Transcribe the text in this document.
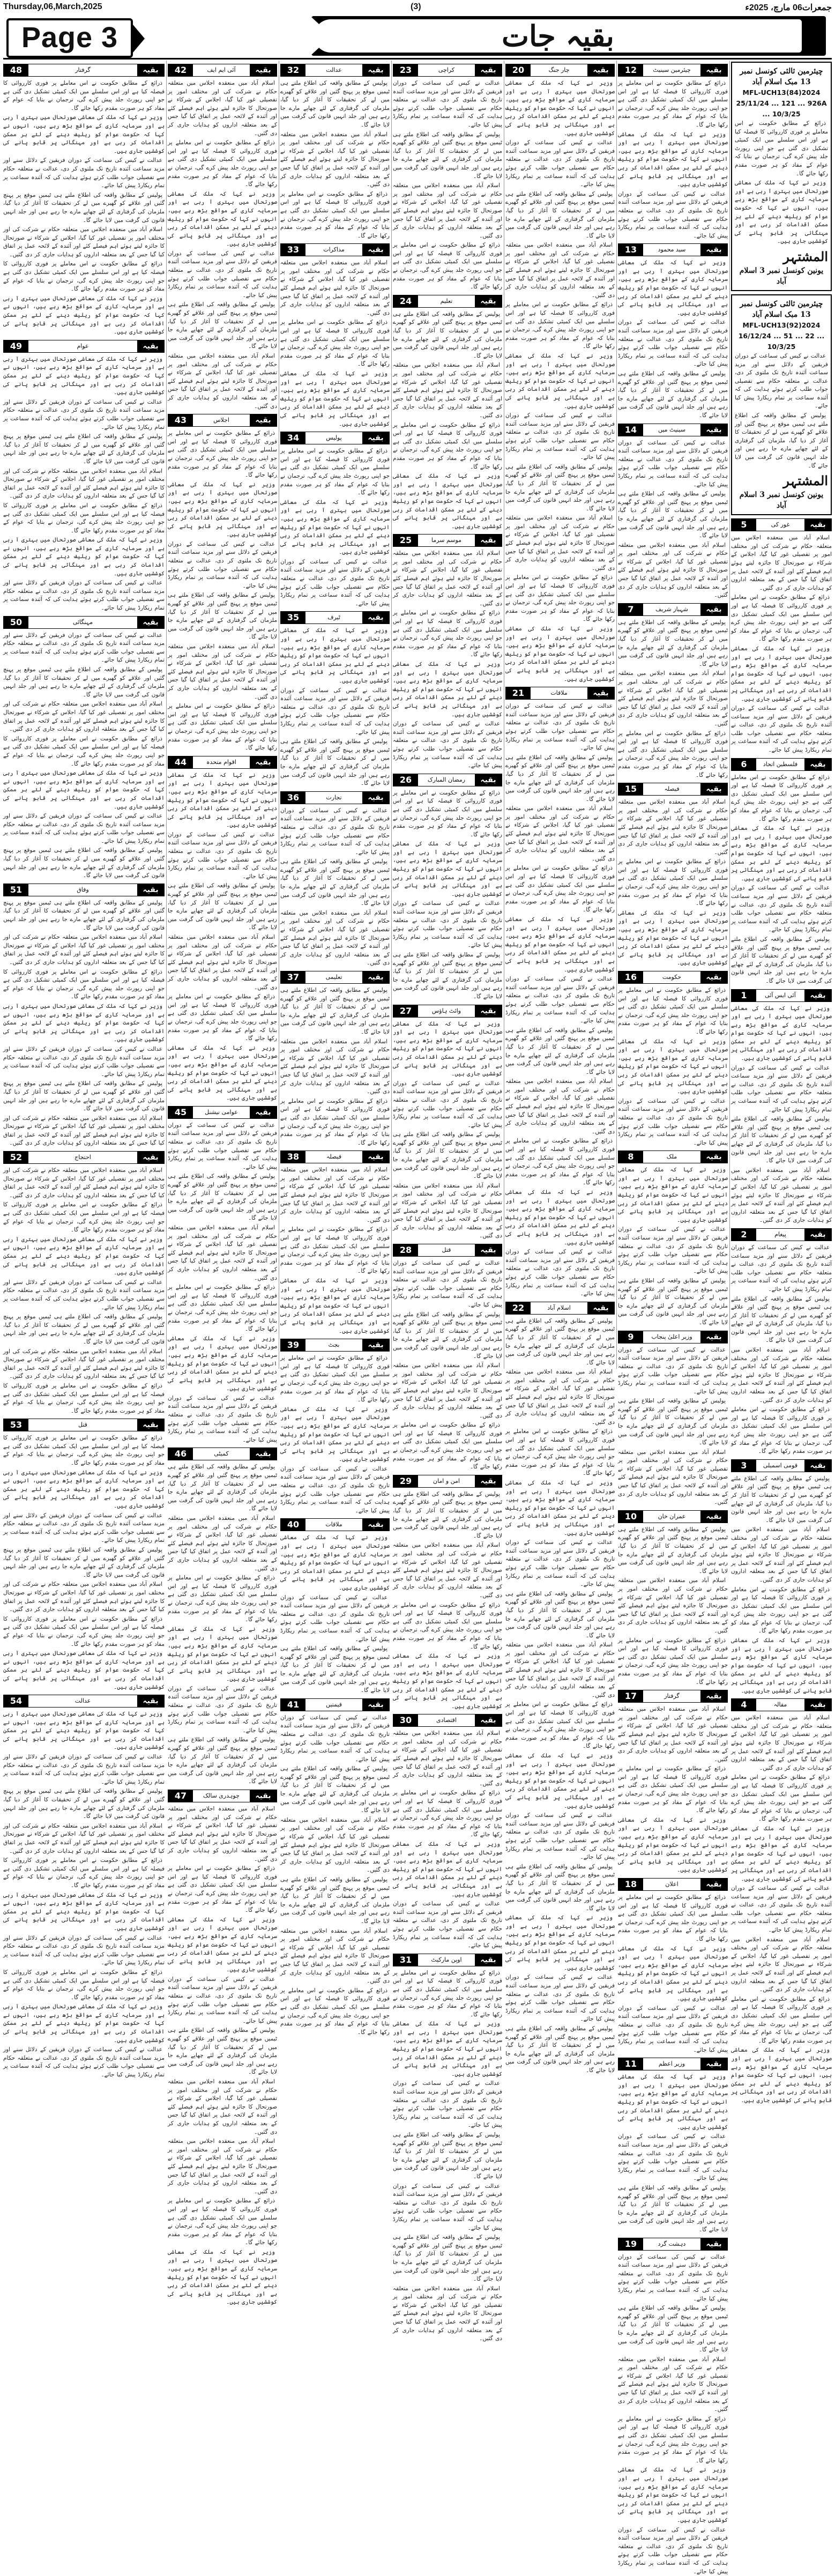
Thursday,06,March,2025	(3)	جمعرات06 مارچ، 2025ء
Page 3	بقیہ جات
چیئرمین ثالثی کونسل نمبر
13 مبک اسلام آباد
MFL-UCH13(84)2024
25/11/24 ... 121 ... 926A ... 10/3/25

ذرائع کے مطابق حکومت نے اس معاملے پر فوری کارروائی کا فیصلہ کیا ہے اور اس سلسلے میں ایک کمیٹی تشکیل دی گئی ہے جو اپنی رپورٹ جلد پیش کرے گی، ترجمان نے بتایا کہ عوام کے مفاد کو ہر صورت مقدم رکھا جائے گا۔

وزیر نے کہا کہ ملک کی معاشی صورتحال میں بہتری آ رہی ہے اور سرمایہ کاری کے مواقع بڑھ رہے ہیں، انہوں نے کہا کہ حکومت عوام کو ریلیف دینے کے لئے ہر ممکن اقدامات کر رہی ہے اور مہنگائی پر قابو پانے کی کوششیں جاری ہیں۔

المشتہر
یونین کونسل نمبر 3 اسلام آباد
چیئرمین ثالثی کونسل نمبر
13 مبک اسلام آباد
MFL-UCH13(92)2024
16/12/24 ... 51 ... 22 ... 10/3/25

عدالت نے کیس کی سماعت کے دوران فریقین کے دلائل سنے اور مزید سماعت آئندہ تاریخ تک ملتوی کر دی، عدالت نے متعلقہ حکام سے تفصیلی جواب طلب کرتے ہوئے ہدایت کی کہ آئندہ سماعت پر تمام ریکارڈ پیش کیا جائے۔

پولیس کے مطابق واقعہ کی اطلاع ملتے ہی ٹیمیں موقع پر پہنچ گئیں اور علاقے کو گھیرے میں لے کر تحقیقات کا آغاز کر دیا گیا، ملزمان کی گرفتاری کے لئے چھاپے مارے جا رہے ہیں اور جلد انہیں قانون کی گرفت میں لایا جائے گا۔

المشتہر
یونین کونسل نمبر 3 اسلام آباد
5	غور کی	بقیہ

اسلام آباد میں منعقدہ اجلاس میں متعلقہ حکام نے شرکت کی اور مختلف امور پر تفصیلی غور کیا گیا، اجلاس کے شرکاء نے صورتحال کا جائزہ لیتے ہوئے اہم فیصلے کئے اور آئندہ کے لائحہ عمل پر اتفاق کیا گیا جس کے بعد متعلقہ اداروں کو ہدایات جاری کر دی گئیں۔

ذرائع کے مطابق حکومت نے اس معاملے پر فوری کارروائی کا فیصلہ کیا ہے اور اس سلسلے میں ایک کمیٹی تشکیل دی گئی ہے جو اپنی رپورٹ جلد پیش کرے گی، ترجمان نے بتایا کہ عوام کے مفاد کو ہر صورت مقدم رکھا جائے گا۔

وزیر نے کہا کہ ملک کی معاشی صورتحال میں بہتری آ رہی ہے اور سرمایہ کاری کے مواقع بڑھ رہے ہیں، انہوں نے کہا کہ حکومت عوام کو ریلیف دینے کے لئے ہر ممکن اقدامات کر رہی ہے اور مہنگائی پر قابو پانے کی کوششیں جاری ہیں۔

عدالت نے کیس کی سماعت کے دوران فریقین کے دلائل سنے اور مزید سماعت آئندہ تاریخ تک ملتوی کر دی، عدالت نے متعلقہ حکام سے تفصیلی جواب طلب کرتے ہوئے ہدایت کی کہ آئندہ سماعت پر تمام ریکارڈ پیش کیا جائے۔

6	فلسطین اتحاد	بقیہ

ذرائع کے مطابق حکومت نے اس معاملے پر فوری کارروائی کا فیصلہ کیا ہے اور اس سلسلے میں ایک کمیٹی تشکیل دی گئی ہے جو اپنی رپورٹ جلد پیش کرے گی، ترجمان نے بتایا کہ عوام کے مفاد کو ہر صورت مقدم رکھا جائے گا۔

وزیر نے کہا کہ ملک کی معاشی صورتحال میں بہتری آ رہی ہے اور سرمایہ کاری کے مواقع بڑھ رہے ہیں، انہوں نے کہا کہ حکومت عوام کو ریلیف دینے کے لئے ہر ممکن اقدامات کر رہی ہے اور مہنگائی پر قابو پانے کی کوششیں جاری ہیں۔

عدالت نے کیس کی سماعت کے دوران فریقین کے دلائل سنے اور مزید سماعت آئندہ تاریخ تک ملتوی کر دی، عدالت نے متعلقہ حکام سے تفصیلی جواب طلب کرتے ہوئے ہدایت کی کہ آئندہ سماعت پر تمام ریکارڈ پیش کیا جائے۔

پولیس کے مطابق واقعہ کی اطلاع ملتے ہی ٹیمیں موقع پر پہنچ گئیں اور علاقے کو گھیرے میں لے کر تحقیقات کا آغاز کر دیا گیا، ملزمان کی گرفتاری کے لئے چھاپے مارے جا رہے ہیں اور جلد انہیں قانون کی گرفت میں لایا جائے گا۔

1	آئی ایس آئی	بقیہ

وزیر نے کہا کہ ملک کی معاشی صورتحال میں بہتری آ رہی ہے اور سرمایہ کاری کے مواقع بڑھ رہے ہیں، انہوں نے کہا کہ حکومت عوام کو ریلیف دینے کے لئے ہر ممکن اقدامات کر رہی ہے اور مہنگائی پر قابو پانے کی کوششیں جاری ہیں۔

عدالت نے کیس کی سماعت کے دوران فریقین کے دلائل سنے اور مزید سماعت آئندہ تاریخ تک ملتوی کر دی، عدالت نے متعلقہ حکام سے تفصیلی جواب طلب کرتے ہوئے ہدایت کی کہ آئندہ سماعت پر تمام ریکارڈ پیش کیا جائے۔

پولیس کے مطابق واقعہ کی اطلاع ملتے ہی ٹیمیں موقع پر پہنچ گئیں اور علاقے کو گھیرے میں لے کر تحقیقات کا آغاز کر دیا گیا، ملزمان کی گرفتاری کے لئے چھاپے مارے جا رہے ہیں اور جلد انہیں قانون کی گرفت میں لایا جائے گا۔

اسلام آباد میں منعقدہ اجلاس میں متعلقہ حکام نے شرکت کی اور مختلف امور پر تفصیلی غور کیا گیا، اجلاس کے شرکاء نے صورتحال کا جائزہ لیتے ہوئے اہم فیصلے کئے اور آئندہ کے لائحہ عمل پر اتفاق کیا گیا جس کے بعد متعلقہ اداروں کو ہدایات جاری کر دی گئیں۔

2	پیغام	بقیہ

عدالت نے کیس کی سماعت کے دوران فریقین کے دلائل سنے اور مزید سماعت آئندہ تاریخ تک ملتوی کر دی، عدالت نے متعلقہ حکام سے تفصیلی جواب طلب کرتے ہوئے ہدایت کی کہ آئندہ سماعت پر تمام ریکارڈ پیش کیا جائے۔

پولیس کے مطابق واقعہ کی اطلاع ملتے ہی ٹیمیں موقع پر پہنچ گئیں اور علاقے کو گھیرے میں لے کر تحقیقات کا آغاز کر دیا گیا، ملزمان کی گرفتاری کے لئے چھاپے مارے جا رہے ہیں اور جلد انہیں قانون کی گرفت میں لایا جائے گا۔

اسلام آباد میں منعقدہ اجلاس میں متعلقہ حکام نے شرکت کی اور مختلف امور پر تفصیلی غور کیا گیا، اجلاس کے شرکاء نے صورتحال کا جائزہ لیتے ہوئے اہم فیصلے کئے اور آئندہ کے لائحہ عمل پر اتفاق کیا گیا جس کے بعد متعلقہ اداروں کو ہدایات جاری کر دی گئیں۔

ذرائع کے مطابق حکومت نے اس معاملے پر فوری کارروائی کا فیصلہ کیا ہے اور اس سلسلے میں ایک کمیٹی تشکیل دی گئی ہے جو اپنی رپورٹ جلد پیش کرے گی، ترجمان نے بتایا کہ عوام کے مفاد کو ہر صورت مقدم رکھا جائے گا۔

3	قومی اسمبلی	بقیہ

پولیس کے مطابق واقعہ کی اطلاع ملتے ہی ٹیمیں موقع پر پہنچ گئیں اور علاقے کو گھیرے میں لے کر تحقیقات کا آغاز کر دیا گیا، ملزمان کی گرفتاری کے لئے چھاپے مارے جا رہے ہیں اور جلد انہیں قانون کی گرفت میں لایا جائے گا۔

اسلام آباد میں منعقدہ اجلاس میں متعلقہ حکام نے شرکت کی اور مختلف امور پر تفصیلی غور کیا گیا، اجلاس کے شرکاء نے صورتحال کا جائزہ لیتے ہوئے اہم فیصلے کئے اور آئندہ کے لائحہ عمل پر اتفاق کیا گیا جس کے بعد متعلقہ اداروں کو ہدایات جاری کر دی گئیں۔

ذرائع کے مطابق حکومت نے اس معاملے پر فوری کارروائی کا فیصلہ کیا ہے اور اس سلسلے میں ایک کمیٹی تشکیل دی گئی ہے جو اپنی رپورٹ جلد پیش کرے گی، ترجمان نے بتایا کہ عوام کے مفاد کو ہر صورت مقدم رکھا جائے گا۔

وزیر نے کہا کہ ملک کی معاشی صورتحال میں بہتری آ رہی ہے اور سرمایہ کاری کے مواقع بڑھ رہے ہیں، انہوں نے کہا کہ حکومت عوام کو ریلیف دینے کے لئے ہر ممکن اقدامات کر رہی ہے اور مہنگائی پر قابو پانے کی کوششیں جاری ہیں۔

4	مقالہ	بقیہ

اسلام آباد میں منعقدہ اجلاس میں متعلقہ حکام نے شرکت کی اور مختلف امور پر تفصیلی غور کیا گیا، اجلاس کے شرکاء نے صورتحال کا جائزہ لیتے ہوئے اہم فیصلے کئے اور آئندہ کے لائحہ عمل پر اتفاق کیا گیا جس کے بعد متعلقہ اداروں کو ہدایات جاری کر دی گئیں۔

ذرائع کے مطابق حکومت نے اس معاملے پر فوری کارروائی کا فیصلہ کیا ہے اور اس سلسلے میں ایک کمیٹی تشکیل دی گئی ہے جو اپنی رپورٹ جلد پیش کرے گی، ترجمان نے بتایا کہ عوام کے مفاد کو ہر صورت مقدم رکھا جائے گا۔

وزیر نے کہا کہ ملک کی معاشی صورتحال میں بہتری آ رہی ہے اور سرمایہ کاری کے مواقع بڑھ رہے ہیں، انہوں نے کہا کہ حکومت عوام کو ریلیف دینے کے لئے ہر ممکن اقدامات کر رہی ہے اور مہنگائی پر قابو پانے کی کوششیں جاری ہیں۔

عدالت نے کیس کی سماعت کے دوران فریقین کے دلائل سنے اور مزید سماعت آئندہ تاریخ تک ملتوی کر دی، عدالت نے متعلقہ حکام سے تفصیلی جواب طلب کرتے ہوئے ہدایت کی کہ آئندہ سماعت پر تمام ریکارڈ پیش کیا جائے۔

اسلام آباد میں منعقدہ اجلاس میں متعلقہ حکام نے شرکت کی اور مختلف امور پر تفصیلی غور کیا گیا، اجلاس کے شرکاء نے صورتحال کا جائزہ لیتے ہوئے اہم فیصلے کئے اور آئندہ کے لائحہ عمل پر اتفاق کیا گیا جس کے بعد متعلقہ اداروں کو ہدایات جاری کر دی گئیں۔

ذرائع کے مطابق حکومت نے اس معاملے پر فوری کارروائی کا فیصلہ کیا ہے اور اس سلسلے میں ایک کمیٹی تشکیل دی گئی ہے جو اپنی رپورٹ جلد پیش کرے گی، ترجمان نے بتایا کہ عوام کے مفاد کو ہر صورت مقدم رکھا جائے گا۔

وزیر نے کہا کہ ملک کی معاشی صورتحال میں بہتری آ رہی ہے اور سرمایہ کاری کے مواقع بڑھ رہے ہیں، انہوں نے کہا کہ حکومت عوام کو ریلیف دینے کے لئے ہر ممکن اقدامات کر رہی ہے اور مہنگائی پر قابو پانے کی کوششیں جاری ہیں۔

12	چیئرمین سینیٹ	بقیہ

ذرائع کے مطابق حکومت نے اس معاملے پر فوری کارروائی کا فیصلہ کیا ہے اور اس سلسلے میں ایک کمیٹی تشکیل دی گئی ہے جو اپنی رپورٹ جلد پیش کرے گی، ترجمان نے بتایا کہ عوام کے مفاد کو ہر صورت مقدم رکھا جائے گا۔

وزیر نے کہا کہ ملک کی معاشی صورتحال میں بہتری آ رہی ہے اور سرمایہ کاری کے مواقع بڑھ رہے ہیں، انہوں نے کہا کہ حکومت عوام کو ریلیف دینے کے لئے ہر ممکن اقدامات کر رہی ہے اور مہنگائی پر قابو پانے کی کوششیں جاری ہیں۔

عدالت نے کیس کی سماعت کے دوران فریقین کے دلائل سنے اور مزید سماعت آئندہ تاریخ تک ملتوی کر دی، عدالت نے متعلقہ حکام سے تفصیلی جواب طلب کرتے ہوئے ہدایت کی کہ آئندہ سماعت پر تمام ریکارڈ پیش کیا جائے۔

13	سید محمود	بقیہ

وزیر نے کہا کہ ملک کی معاشی صورتحال میں بہتری آ رہی ہے اور سرمایہ کاری کے مواقع بڑھ رہے ہیں، انہوں نے کہا کہ حکومت عوام کو ریلیف دینے کے لئے ہر ممکن اقدامات کر رہی ہے اور مہنگائی پر قابو پانے کی کوششیں جاری ہیں۔

عدالت نے کیس کی سماعت کے دوران فریقین کے دلائل سنے اور مزید سماعت آئندہ تاریخ تک ملتوی کر دی، عدالت نے متعلقہ حکام سے تفصیلی جواب طلب کرتے ہوئے ہدایت کی کہ آئندہ سماعت پر تمام ریکارڈ پیش کیا جائے۔

پولیس کے مطابق واقعہ کی اطلاع ملتے ہی ٹیمیں موقع پر پہنچ گئیں اور علاقے کو گھیرے میں لے کر تحقیقات کا آغاز کر دیا گیا، ملزمان کی گرفتاری کے لئے چھاپے مارے جا رہے ہیں اور جلد انہیں قانون کی گرفت میں لایا جائے گا۔

14	سینیٹ میں	بقیہ

عدالت نے کیس کی سماعت کے دوران فریقین کے دلائل سنے اور مزید سماعت آئندہ تاریخ تک ملتوی کر دی، عدالت نے متعلقہ حکام سے تفصیلی جواب طلب کرتے ہوئے ہدایت کی کہ آئندہ سماعت پر تمام ریکارڈ پیش کیا جائے۔

پولیس کے مطابق واقعہ کی اطلاع ملتے ہی ٹیمیں موقع پر پہنچ گئیں اور علاقے کو گھیرے میں لے کر تحقیقات کا آغاز کر دیا گیا، ملزمان کی گرفتاری کے لئے چھاپے مارے جا رہے ہیں اور جلد انہیں قانون کی گرفت میں لایا جائے گا۔

اسلام آباد میں منعقدہ اجلاس میں متعلقہ حکام نے شرکت کی اور مختلف امور پر تفصیلی غور کیا گیا، اجلاس کے شرکاء نے صورتحال کا جائزہ لیتے ہوئے اہم فیصلے کئے اور آئندہ کے لائحہ عمل پر اتفاق کیا گیا جس کے بعد متعلقہ اداروں کو ہدایات جاری کر دی گئیں۔

7	شہباز شریف	بقیہ

پولیس کے مطابق واقعہ کی اطلاع ملتے ہی ٹیمیں موقع پر پہنچ گئیں اور علاقے کو گھیرے میں لے کر تحقیقات کا آغاز کر دیا گیا، ملزمان کی گرفتاری کے لئے چھاپے مارے جا رہے ہیں اور جلد انہیں قانون کی گرفت میں لایا جائے گا۔

اسلام آباد میں منعقدہ اجلاس میں متعلقہ حکام نے شرکت کی اور مختلف امور پر تفصیلی غور کیا گیا، اجلاس کے شرکاء نے صورتحال کا جائزہ لیتے ہوئے اہم فیصلے کئے اور آئندہ کے لائحہ عمل پر اتفاق کیا گیا جس کے بعد متعلقہ اداروں کو ہدایات جاری کر دی گئیں۔

ذرائع کے مطابق حکومت نے اس معاملے پر فوری کارروائی کا فیصلہ کیا ہے اور اس سلسلے میں ایک کمیٹی تشکیل دی گئی ہے جو اپنی رپورٹ جلد پیش کرے گی، ترجمان نے بتایا کہ عوام کے مفاد کو ہر صورت مقدم رکھا جائے گا۔

15	فیصلہ	بقیہ

اسلام آباد میں منعقدہ اجلاس میں متعلقہ حکام نے شرکت کی اور مختلف امور پر تفصیلی غور کیا گیا، اجلاس کے شرکاء نے صورتحال کا جائزہ لیتے ہوئے اہم فیصلے کئے اور آئندہ کے لائحہ عمل پر اتفاق کیا گیا جس کے بعد متعلقہ اداروں کو ہدایات جاری کر دی گئیں۔

ذرائع کے مطابق حکومت نے اس معاملے پر فوری کارروائی کا فیصلہ کیا ہے اور اس سلسلے میں ایک کمیٹی تشکیل دی گئی ہے جو اپنی رپورٹ جلد پیش کرے گی، ترجمان نے بتایا کہ عوام کے مفاد کو ہر صورت مقدم رکھا جائے گا۔

وزیر نے کہا کہ ملک کی معاشی صورتحال میں بہتری آ رہی ہے اور سرمایہ کاری کے مواقع بڑھ رہے ہیں، انہوں نے کہا کہ حکومت عوام کو ریلیف دینے کے لئے ہر ممکن اقدامات کر رہی ہے اور مہنگائی پر قابو پانے کی کوششیں جاری ہیں۔

16	حکومت	بقیہ

ذرائع کے مطابق حکومت نے اس معاملے پر فوری کارروائی کا فیصلہ کیا ہے اور اس سلسلے میں ایک کمیٹی تشکیل دی گئی ہے جو اپنی رپورٹ جلد پیش کرے گی، ترجمان نے بتایا کہ عوام کے مفاد کو ہر صورت مقدم رکھا جائے گا۔

وزیر نے کہا کہ ملک کی معاشی صورتحال میں بہتری آ رہی ہے اور سرمایہ کاری کے مواقع بڑھ رہے ہیں، انہوں نے کہا کہ حکومت عوام کو ریلیف دینے کے لئے ہر ممکن اقدامات کر رہی ہے اور مہنگائی پر قابو پانے کی کوششیں جاری ہیں۔

عدالت نے کیس کی سماعت کے دوران فریقین کے دلائل سنے اور مزید سماعت آئندہ تاریخ تک ملتوی کر دی، عدالت نے متعلقہ حکام سے تفصیلی جواب طلب کرتے ہوئے ہدایت کی کہ آئندہ سماعت پر تمام ریکارڈ پیش کیا جائے۔

8	ملک	بقیہ

وزیر نے کہا کہ ملک کی معاشی صورتحال میں بہتری آ رہی ہے اور سرمایہ کاری کے مواقع بڑھ رہے ہیں، انہوں نے کہا کہ حکومت عوام کو ریلیف دینے کے لئے ہر ممکن اقدامات کر رہی ہے اور مہنگائی پر قابو پانے کی کوششیں جاری ہیں۔

عدالت نے کیس کی سماعت کے دوران فریقین کے دلائل سنے اور مزید سماعت آئندہ تاریخ تک ملتوی کر دی، عدالت نے متعلقہ حکام سے تفصیلی جواب طلب کرتے ہوئے ہدایت کی کہ آئندہ سماعت پر تمام ریکارڈ پیش کیا جائے۔

پولیس کے مطابق واقعہ کی اطلاع ملتے ہی ٹیمیں موقع پر پہنچ گئیں اور علاقے کو گھیرے میں لے کر تحقیقات کا آغاز کر دیا گیا، ملزمان کی گرفتاری کے لئے چھاپے مارے جا رہے ہیں اور جلد انہیں قانون کی گرفت میں لایا جائے گا۔

9	وزیر اعلیٰ پنجاب	بقیہ

عدالت نے کیس کی سماعت کے دوران فریقین کے دلائل سنے اور مزید سماعت آئندہ تاریخ تک ملتوی کر دی، عدالت نے متعلقہ حکام سے تفصیلی جواب طلب کرتے ہوئے ہدایت کی کہ آئندہ سماعت پر تمام ریکارڈ پیش کیا جائے۔

پولیس کے مطابق واقعہ کی اطلاع ملتے ہی ٹیمیں موقع پر پہنچ گئیں اور علاقے کو گھیرے میں لے کر تحقیقات کا آغاز کر دیا گیا، ملزمان کی گرفتاری کے لئے چھاپے مارے جا رہے ہیں اور جلد انہیں قانون کی گرفت میں لایا جائے گا۔

اسلام آباد میں منعقدہ اجلاس میں متعلقہ حکام نے شرکت کی اور مختلف امور پر تفصیلی غور کیا گیا، اجلاس کے شرکاء نے صورتحال کا جائزہ لیتے ہوئے اہم فیصلے کئے اور آئندہ کے لائحہ عمل پر اتفاق کیا گیا جس کے بعد متعلقہ اداروں کو ہدایات جاری کر دی گئیں۔

10	عمران خان	بقیہ

پولیس کے مطابق واقعہ کی اطلاع ملتے ہی ٹیمیں موقع پر پہنچ گئیں اور علاقے کو گھیرے میں لے کر تحقیقات کا آغاز کر دیا گیا، ملزمان کی گرفتاری کے لئے چھاپے مارے جا رہے ہیں اور جلد انہیں قانون کی گرفت میں لایا جائے گا۔

اسلام آباد میں منعقدہ اجلاس میں متعلقہ حکام نے شرکت کی اور مختلف امور پر تفصیلی غور کیا گیا، اجلاس کے شرکاء نے صورتحال کا جائزہ لیتے ہوئے اہم فیصلے کئے اور آئندہ کے لائحہ عمل پر اتفاق کیا گیا جس کے بعد متعلقہ اداروں کو ہدایات جاری کر دی گئیں۔

ذرائع کے مطابق حکومت نے اس معاملے پر فوری کارروائی کا فیصلہ کیا ہے اور اس سلسلے میں ایک کمیٹی تشکیل دی گئی ہے جو اپنی رپورٹ جلد پیش کرے گی، ترجمان نے بتایا کہ عوام کے مفاد کو ہر صورت مقدم رکھا جائے گا۔

17	گرفتار	بقیہ

اسلام آباد میں منعقدہ اجلاس میں متعلقہ حکام نے شرکت کی اور مختلف امور پر تفصیلی غور کیا گیا، اجلاس کے شرکاء نے صورتحال کا جائزہ لیتے ہوئے اہم فیصلے کئے اور آئندہ کے لائحہ عمل پر اتفاق کیا گیا جس کے بعد متعلقہ اداروں کو ہدایات جاری کر دی گئیں۔

ذرائع کے مطابق حکومت نے اس معاملے پر فوری کارروائی کا فیصلہ کیا ہے اور اس سلسلے میں ایک کمیٹی تشکیل دی گئی ہے جو اپنی رپورٹ جلد پیش کرے گی، ترجمان نے بتایا کہ عوام کے مفاد کو ہر صورت مقدم رکھا جائے گا۔

وزیر نے کہا کہ ملک کی معاشی صورتحال میں بہتری آ رہی ہے اور سرمایہ کاری کے مواقع بڑھ رہے ہیں، انہوں نے کہا کہ حکومت عوام کو ریلیف دینے کے لئے ہر ممکن اقدامات کر رہی ہے اور مہنگائی پر قابو پانے کی کوششیں جاری ہیں۔

18	اعلان	بقیہ

ذرائع کے مطابق حکومت نے اس معاملے پر فوری کارروائی کا فیصلہ کیا ہے اور اس سلسلے میں ایک کمیٹی تشکیل دی گئی ہے جو اپنی رپورٹ جلد پیش کرے گی، ترجمان نے بتایا کہ عوام کے مفاد کو ہر صورت مقدم رکھا جائے گا۔

وزیر نے کہا کہ ملک کی معاشی صورتحال میں بہتری آ رہی ہے اور سرمایہ کاری کے مواقع بڑھ رہے ہیں، انہوں نے کہا کہ حکومت عوام کو ریلیف دینے کے لئے ہر ممکن اقدامات کر رہی ہے اور مہنگائی پر قابو پانے کی کوششیں جاری ہیں۔

عدالت نے کیس کی سماعت کے دوران فریقین کے دلائل سنے اور مزید سماعت آئندہ تاریخ تک ملتوی کر دی، عدالت نے متعلقہ حکام سے تفصیلی جواب طلب کرتے ہوئے ہدایت کی کہ آئندہ سماعت پر تمام ریکارڈ پیش کیا جائے۔

11	وزیر اعظم	بقیہ

وزیر نے کہا کہ ملک کی معاشی صورتحال میں بہتری آ رہی ہے اور سرمایہ کاری کے مواقع بڑھ رہے ہیں، انہوں نے کہا کہ حکومت عوام کو ریلیف دینے کے لئے ہر ممکن اقدامات کر رہی ہے اور مہنگائی پر قابو پانے کی کوششیں جاری ہیں۔

عدالت نے کیس کی سماعت کے دوران فریقین کے دلائل سنے اور مزید سماعت آئندہ تاریخ تک ملتوی کر دی، عدالت نے متعلقہ حکام سے تفصیلی جواب طلب کرتے ہوئے ہدایت کی کہ آئندہ سماعت پر تمام ریکارڈ پیش کیا جائے۔

پولیس کے مطابق واقعہ کی اطلاع ملتے ہی ٹیمیں موقع پر پہنچ گئیں اور علاقے کو گھیرے میں لے کر تحقیقات کا آغاز کر دیا گیا، ملزمان کی گرفتاری کے لئے چھاپے مارے جا رہے ہیں اور جلد انہیں قانون کی گرفت میں لایا جائے گا۔

19	دہشت گرد	بقیہ

عدالت نے کیس کی سماعت کے دوران فریقین کے دلائل سنے اور مزید سماعت آئندہ تاریخ تک ملتوی کر دی، عدالت نے متعلقہ حکام سے تفصیلی جواب طلب کرتے ہوئے ہدایت کی کہ آئندہ سماعت پر تمام ریکارڈ پیش کیا جائے۔

پولیس کے مطابق واقعہ کی اطلاع ملتے ہی ٹیمیں موقع پر پہنچ گئیں اور علاقے کو گھیرے میں لے کر تحقیقات کا آغاز کر دیا گیا، ملزمان کی گرفتاری کے لئے چھاپے مارے جا رہے ہیں اور جلد انہیں قانون کی گرفت میں لایا جائے گا۔

اسلام آباد میں منعقدہ اجلاس میں متعلقہ حکام نے شرکت کی اور مختلف امور پر تفصیلی غور کیا گیا، اجلاس کے شرکاء نے صورتحال کا جائزہ لیتے ہوئے اہم فیصلے کئے اور آئندہ کے لائحہ عمل پر اتفاق کیا گیا جس کے بعد متعلقہ اداروں کو ہدایات جاری کر دی گئیں۔

ذرائع کے مطابق حکومت نے اس معاملے پر فوری کارروائی کا فیصلہ کیا ہے اور اس سلسلے میں ایک کمیٹی تشکیل دی گئی ہے جو اپنی رپورٹ جلد پیش کرے گی، ترجمان نے بتایا کہ عوام کے مفاد کو ہر صورت مقدم رکھا جائے گا۔

وزیر نے کہا کہ ملک کی معاشی صورتحال میں بہتری آ رہی ہے اور سرمایہ کاری کے مواقع بڑھ رہے ہیں، انہوں نے کہا کہ حکومت عوام کو ریلیف دینے کے لئے ہر ممکن اقدامات کر رہی ہے اور مہنگائی پر قابو پانے کی کوششیں جاری ہیں۔

عدالت نے کیس کی سماعت کے دوران فریقین کے دلائل سنے اور مزید سماعت آئندہ تاریخ تک ملتوی کر دی، عدالت نے متعلقہ حکام سے تفصیلی جواب طلب کرتے ہوئے ہدایت کی کہ آئندہ سماعت پر تمام ریکارڈ پیش کیا جائے۔

20	چار جنگ	بقیہ

وزیر نے کہا کہ ملک کی معاشی صورتحال میں بہتری آ رہی ہے اور سرمایہ کاری کے مواقع بڑھ رہے ہیں، انہوں نے کہا کہ حکومت عوام کو ریلیف دینے کے لئے ہر ممکن اقدامات کر رہی ہے اور مہنگائی پر قابو پانے کی کوششیں جاری ہیں۔

عدالت نے کیس کی سماعت کے دوران فریقین کے دلائل سنے اور مزید سماعت آئندہ تاریخ تک ملتوی کر دی، عدالت نے متعلقہ حکام سے تفصیلی جواب طلب کرتے ہوئے ہدایت کی کہ آئندہ سماعت پر تمام ریکارڈ پیش کیا جائے۔

پولیس کے مطابق واقعہ کی اطلاع ملتے ہی ٹیمیں موقع پر پہنچ گئیں اور علاقے کو گھیرے میں لے کر تحقیقات کا آغاز کر دیا گیا، ملزمان کی گرفتاری کے لئے چھاپے مارے جا رہے ہیں اور جلد انہیں قانون کی گرفت میں لایا جائے گا۔

اسلام آباد میں منعقدہ اجلاس میں متعلقہ حکام نے شرکت کی اور مختلف امور پر تفصیلی غور کیا گیا، اجلاس کے شرکاء نے صورتحال کا جائزہ لیتے ہوئے اہم فیصلے کئے اور آئندہ کے لائحہ عمل پر اتفاق کیا گیا جس کے بعد متعلقہ اداروں کو ہدایات جاری کر دی گئیں۔

ذرائع کے مطابق حکومت نے اس معاملے پر فوری کارروائی کا فیصلہ کیا ہے اور اس سلسلے میں ایک کمیٹی تشکیل دی گئی ہے جو اپنی رپورٹ جلد پیش کرے گی، ترجمان نے بتایا کہ عوام کے مفاد کو ہر صورت مقدم رکھا جائے گا۔

وزیر نے کہا کہ ملک کی معاشی صورتحال میں بہتری آ رہی ہے اور سرمایہ کاری کے مواقع بڑھ رہے ہیں، انہوں نے کہا کہ حکومت عوام کو ریلیف دینے کے لئے ہر ممکن اقدامات کر رہی ہے اور مہنگائی پر قابو پانے کی کوششیں جاری ہیں۔

عدالت نے کیس کی سماعت کے دوران فریقین کے دلائل سنے اور مزید سماعت آئندہ تاریخ تک ملتوی کر دی، عدالت نے متعلقہ حکام سے تفصیلی جواب طلب کرتے ہوئے ہدایت کی کہ آئندہ سماعت پر تمام ریکارڈ پیش کیا جائے۔

پولیس کے مطابق واقعہ کی اطلاع ملتے ہی ٹیمیں موقع پر پہنچ گئیں اور علاقے کو گھیرے میں لے کر تحقیقات کا آغاز کر دیا گیا، ملزمان کی گرفتاری کے لئے چھاپے مارے جا رہے ہیں اور جلد انہیں قانون کی گرفت میں لایا جائے گا۔

اسلام آباد میں منعقدہ اجلاس میں متعلقہ حکام نے شرکت کی اور مختلف امور پر تفصیلی غور کیا گیا، اجلاس کے شرکاء نے صورتحال کا جائزہ لیتے ہوئے اہم فیصلے کئے اور آئندہ کے لائحہ عمل پر اتفاق کیا گیا جس کے بعد متعلقہ اداروں کو ہدایات جاری کر دی گئیں۔

ذرائع کے مطابق حکومت نے اس معاملے پر فوری کارروائی کا فیصلہ کیا ہے اور اس سلسلے میں ایک کمیٹی تشکیل دی گئی ہے جو اپنی رپورٹ جلد پیش کرے گی، ترجمان نے بتایا کہ عوام کے مفاد کو ہر صورت مقدم رکھا جائے گا۔

وزیر نے کہا کہ ملک کی معاشی صورتحال میں بہتری آ رہی ہے اور سرمایہ کاری کے مواقع بڑھ رہے ہیں، انہوں نے کہا کہ حکومت عوام کو ریلیف دینے کے لئے ہر ممکن اقدامات کر رہی ہے اور مہنگائی پر قابو پانے کی کوششیں جاری ہیں۔

21	ملاقات	بقیہ

عدالت نے کیس کی سماعت کے دوران فریقین کے دلائل سنے اور مزید سماعت آئندہ تاریخ تک ملتوی کر دی، عدالت نے متعلقہ حکام سے تفصیلی جواب طلب کرتے ہوئے ہدایت کی کہ آئندہ سماعت پر تمام ریکارڈ پیش کیا جائے۔

پولیس کے مطابق واقعہ کی اطلاع ملتے ہی ٹیمیں موقع پر پہنچ گئیں اور علاقے کو گھیرے میں لے کر تحقیقات کا آغاز کر دیا گیا، ملزمان کی گرفتاری کے لئے چھاپے مارے جا رہے ہیں اور جلد انہیں قانون کی گرفت میں لایا جائے گا۔

اسلام آباد میں منعقدہ اجلاس میں متعلقہ حکام نے شرکت کی اور مختلف امور پر تفصیلی غور کیا گیا، اجلاس کے شرکاء نے صورتحال کا جائزہ لیتے ہوئے اہم فیصلے کئے اور آئندہ کے لائحہ عمل پر اتفاق کیا گیا جس کے بعد متعلقہ اداروں کو ہدایات جاری کر دی گئیں۔

ذرائع کے مطابق حکومت نے اس معاملے پر فوری کارروائی کا فیصلہ کیا ہے اور اس سلسلے میں ایک کمیٹی تشکیل دی گئی ہے جو اپنی رپورٹ جلد پیش کرے گی، ترجمان نے بتایا کہ عوام کے مفاد کو ہر صورت مقدم رکھا جائے گا۔

وزیر نے کہا کہ ملک کی معاشی صورتحال میں بہتری آ رہی ہے اور سرمایہ کاری کے مواقع بڑھ رہے ہیں، انہوں نے کہا کہ حکومت عوام کو ریلیف دینے کے لئے ہر ممکن اقدامات کر رہی ہے اور مہنگائی پر قابو پانے کی کوششیں جاری ہیں۔

عدالت نے کیس کی سماعت کے دوران فریقین کے دلائل سنے اور مزید سماعت آئندہ تاریخ تک ملتوی کر دی، عدالت نے متعلقہ حکام سے تفصیلی جواب طلب کرتے ہوئے ہدایت کی کہ آئندہ سماعت پر تمام ریکارڈ پیش کیا جائے۔

پولیس کے مطابق واقعہ کی اطلاع ملتے ہی ٹیمیں موقع پر پہنچ گئیں اور علاقے کو گھیرے میں لے کر تحقیقات کا آغاز کر دیا گیا، ملزمان کی گرفتاری کے لئے چھاپے مارے جا رہے ہیں اور جلد انہیں قانون کی گرفت میں لایا جائے گا۔

اسلام آباد میں منعقدہ اجلاس میں متعلقہ حکام نے شرکت کی اور مختلف امور پر تفصیلی غور کیا گیا، اجلاس کے شرکاء نے صورتحال کا جائزہ لیتے ہوئے اہم فیصلے کئے اور آئندہ کے لائحہ عمل پر اتفاق کیا گیا جس کے بعد متعلقہ اداروں کو ہدایات جاری کر دی گئیں۔

ذرائع کے مطابق حکومت نے اس معاملے پر فوری کارروائی کا فیصلہ کیا ہے اور اس سلسلے میں ایک کمیٹی تشکیل دی گئی ہے جو اپنی رپورٹ جلد پیش کرے گی، ترجمان نے بتایا کہ عوام کے مفاد کو ہر صورت مقدم رکھا جائے گا۔

وزیر نے کہا کہ ملک کی معاشی صورتحال میں بہتری آ رہی ہے اور سرمایہ کاری کے مواقع بڑھ رہے ہیں، انہوں نے کہا کہ حکومت عوام کو ریلیف دینے کے لئے ہر ممکن اقدامات کر رہی ہے اور مہنگائی پر قابو پانے کی کوششیں جاری ہیں۔

عدالت نے کیس کی سماعت کے دوران فریقین کے دلائل سنے اور مزید سماعت آئندہ تاریخ تک ملتوی کر دی، عدالت نے متعلقہ حکام سے تفصیلی جواب طلب کرتے ہوئے ہدایت کی کہ آئندہ سماعت پر تمام ریکارڈ پیش کیا جائے۔

22	اسلام آباد	بقیہ

پولیس کے مطابق واقعہ کی اطلاع ملتے ہی ٹیمیں موقع پر پہنچ گئیں اور علاقے کو گھیرے میں لے کر تحقیقات کا آغاز کر دیا گیا، ملزمان کی گرفتاری کے لئے چھاپے مارے جا رہے ہیں اور جلد انہیں قانون کی گرفت میں لایا جائے گا۔

اسلام آباد میں منعقدہ اجلاس میں متعلقہ حکام نے شرکت کی اور مختلف امور پر تفصیلی غور کیا گیا، اجلاس کے شرکاء نے صورتحال کا جائزہ لیتے ہوئے اہم فیصلے کئے اور آئندہ کے لائحہ عمل پر اتفاق کیا گیا جس کے بعد متعلقہ اداروں کو ہدایات جاری کر دی گئیں۔

ذرائع کے مطابق حکومت نے اس معاملے پر فوری کارروائی کا فیصلہ کیا ہے اور اس سلسلے میں ایک کمیٹی تشکیل دی گئی ہے جو اپنی رپورٹ جلد پیش کرے گی، ترجمان نے بتایا کہ عوام کے مفاد کو ہر صورت مقدم رکھا جائے گا۔

وزیر نے کہا کہ ملک کی معاشی صورتحال میں بہتری آ رہی ہے اور سرمایہ کاری کے مواقع بڑھ رہے ہیں، انہوں نے کہا کہ حکومت عوام کو ریلیف دینے کے لئے ہر ممکن اقدامات کر رہی ہے اور مہنگائی پر قابو پانے کی کوششیں جاری ہیں۔

عدالت نے کیس کی سماعت کے دوران فریقین کے دلائل سنے اور مزید سماعت آئندہ تاریخ تک ملتوی کر دی، عدالت نے متعلقہ حکام سے تفصیلی جواب طلب کرتے ہوئے ہدایت کی کہ آئندہ سماعت پر تمام ریکارڈ پیش کیا جائے۔

پولیس کے مطابق واقعہ کی اطلاع ملتے ہی ٹیمیں موقع پر پہنچ گئیں اور علاقے کو گھیرے میں لے کر تحقیقات کا آغاز کر دیا گیا، ملزمان کی گرفتاری کے لئے چھاپے مارے جا رہے ہیں اور جلد انہیں قانون کی گرفت میں لایا جائے گا۔

اسلام آباد میں منعقدہ اجلاس میں متعلقہ حکام نے شرکت کی اور مختلف امور پر تفصیلی غور کیا گیا، اجلاس کے شرکاء نے صورتحال کا جائزہ لیتے ہوئے اہم فیصلے کئے اور آئندہ کے لائحہ عمل پر اتفاق کیا گیا جس کے بعد متعلقہ اداروں کو ہدایات جاری کر دی گئیں۔

ذرائع کے مطابق حکومت نے اس معاملے پر فوری کارروائی کا فیصلہ کیا ہے اور اس سلسلے میں ایک کمیٹی تشکیل دی گئی ہے جو اپنی رپورٹ جلد پیش کرے گی، ترجمان نے بتایا کہ عوام کے مفاد کو ہر صورت مقدم رکھا جائے گا۔

وزیر نے کہا کہ ملک کی معاشی صورتحال میں بہتری آ رہی ہے اور سرمایہ کاری کے مواقع بڑھ رہے ہیں، انہوں نے کہا کہ حکومت عوام کو ریلیف دینے کے لئے ہر ممکن اقدامات کر رہی ہے اور مہنگائی پر قابو پانے کی کوششیں جاری ہیں۔

عدالت نے کیس کی سماعت کے دوران فریقین کے دلائل سنے اور مزید سماعت آئندہ تاریخ تک ملتوی کر دی، عدالت نے متعلقہ حکام سے تفصیلی جواب طلب کرتے ہوئے ہدایت کی کہ آئندہ سماعت پر تمام ریکارڈ پیش کیا جائے۔

پولیس کے مطابق واقعہ کی اطلاع ملتے ہی ٹیمیں موقع پر پہنچ گئیں اور علاقے کو گھیرے میں لے کر تحقیقات کا آغاز کر دیا گیا، ملزمان کی گرفتاری کے لئے چھاپے مارے جا رہے ہیں اور جلد انہیں قانون کی گرفت میں لایا جائے گا۔

وزیر نے کہا کہ ملک کی معاشی صورتحال میں بہتری آ رہی ہے اور سرمایہ کاری کے مواقع بڑھ رہے ہیں، انہوں نے کہا کہ حکومت عوام کو ریلیف دینے کے لئے ہر ممکن اقدامات کر رہی ہے اور مہنگائی پر قابو پانے کی کوششیں جاری ہیں۔

عدالت نے کیس کی سماعت کے دوران فریقین کے دلائل سنے اور مزید سماعت آئندہ تاریخ تک ملتوی کر دی، عدالت نے متعلقہ حکام سے تفصیلی جواب طلب کرتے ہوئے ہدایت کی کہ آئندہ سماعت پر تمام ریکارڈ پیش کیا جائے۔

پولیس کے مطابق واقعہ کی اطلاع ملتے ہی ٹیمیں موقع پر پہنچ گئیں اور علاقے کو گھیرے میں لے کر تحقیقات کا آغاز کر دیا گیا، ملزمان کی گرفتاری کے لئے چھاپے مارے جا رہے ہیں اور جلد انہیں قانون کی گرفت میں لایا جائے گا۔

23	کراچی	بقیہ

عدالت نے کیس کی سماعت کے دوران فریقین کے دلائل سنے اور مزید سماعت آئندہ تاریخ تک ملتوی کر دی، عدالت نے متعلقہ حکام سے تفصیلی جواب طلب کرتے ہوئے ہدایت کی کہ آئندہ سماعت پر تمام ریکارڈ پیش کیا جائے۔

پولیس کے مطابق واقعہ کی اطلاع ملتے ہی ٹیمیں موقع پر پہنچ گئیں اور علاقے کو گھیرے میں لے کر تحقیقات کا آغاز کر دیا گیا، ملزمان کی گرفتاری کے لئے چھاپے مارے جا رہے ہیں اور جلد انہیں قانون کی گرفت میں لایا جائے گا۔

اسلام آباد میں منعقدہ اجلاس میں متعلقہ حکام نے شرکت کی اور مختلف امور پر تفصیلی غور کیا گیا، اجلاس کے شرکاء نے صورتحال کا جائزہ لیتے ہوئے اہم فیصلے کئے اور آئندہ کے لائحہ عمل پر اتفاق کیا گیا جس کے بعد متعلقہ اداروں کو ہدایات جاری کر دی گئیں۔

ذرائع کے مطابق حکومت نے اس معاملے پر فوری کارروائی کا فیصلہ کیا ہے اور اس سلسلے میں ایک کمیٹی تشکیل دی گئی ہے جو اپنی رپورٹ جلد پیش کرے گی، ترجمان نے بتایا کہ عوام کے مفاد کو ہر صورت مقدم رکھا جائے گا۔

24	تعلیم	بقیہ

پولیس کے مطابق واقعہ کی اطلاع ملتے ہی ٹیمیں موقع پر پہنچ گئیں اور علاقے کو گھیرے میں لے کر تحقیقات کا آغاز کر دیا گیا، ملزمان کی گرفتاری کے لئے چھاپے مارے جا رہے ہیں اور جلد انہیں قانون کی گرفت میں لایا جائے گا۔

اسلام آباد میں منعقدہ اجلاس میں متعلقہ حکام نے شرکت کی اور مختلف امور پر تفصیلی غور کیا گیا، اجلاس کے شرکاء نے صورتحال کا جائزہ لیتے ہوئے اہم فیصلے کئے اور آئندہ کے لائحہ عمل پر اتفاق کیا گیا جس کے بعد متعلقہ اداروں کو ہدایات جاری کر دی گئیں۔

ذرائع کے مطابق حکومت نے اس معاملے پر فوری کارروائی کا فیصلہ کیا ہے اور اس سلسلے میں ایک کمیٹی تشکیل دی گئی ہے جو اپنی رپورٹ جلد پیش کرے گی، ترجمان نے بتایا کہ عوام کے مفاد کو ہر صورت مقدم رکھا جائے گا۔

وزیر نے کہا کہ ملک کی معاشی صورتحال میں بہتری آ رہی ہے اور سرمایہ کاری کے مواقع بڑھ رہے ہیں، انہوں نے کہا کہ حکومت عوام کو ریلیف دینے کے لئے ہر ممکن اقدامات کر رہی ہے اور مہنگائی پر قابو پانے کی کوششیں جاری ہیں۔

25	موسم سرما	بقیہ

اسلام آباد میں منعقدہ اجلاس میں متعلقہ حکام نے شرکت کی اور مختلف امور پر تفصیلی غور کیا گیا، اجلاس کے شرکاء نے صورتحال کا جائزہ لیتے ہوئے اہم فیصلے کئے اور آئندہ کے لائحہ عمل پر اتفاق کیا گیا جس کے بعد متعلقہ اداروں کو ہدایات جاری کر دی گئیں۔

ذرائع کے مطابق حکومت نے اس معاملے پر فوری کارروائی کا فیصلہ کیا ہے اور اس سلسلے میں ایک کمیٹی تشکیل دی گئی ہے جو اپنی رپورٹ جلد پیش کرے گی، ترجمان نے بتایا کہ عوام کے مفاد کو ہر صورت مقدم رکھا جائے گا۔

وزیر نے کہا کہ ملک کی معاشی صورتحال میں بہتری آ رہی ہے اور سرمایہ کاری کے مواقع بڑھ رہے ہیں، انہوں نے کہا کہ حکومت عوام کو ریلیف دینے کے لئے ہر ممکن اقدامات کر رہی ہے اور مہنگائی پر قابو پانے کی کوششیں جاری ہیں۔

عدالت نے کیس کی سماعت کے دوران فریقین کے دلائل سنے اور مزید سماعت آئندہ تاریخ تک ملتوی کر دی، عدالت نے متعلقہ حکام سے تفصیلی جواب طلب کرتے ہوئے ہدایت کی کہ آئندہ سماعت پر تمام ریکارڈ پیش کیا جائے۔

26	رمضان المبارک	بقیہ

ذرائع کے مطابق حکومت نے اس معاملے پر فوری کارروائی کا فیصلہ کیا ہے اور اس سلسلے میں ایک کمیٹی تشکیل دی گئی ہے جو اپنی رپورٹ جلد پیش کرے گی، ترجمان نے بتایا کہ عوام کے مفاد کو ہر صورت مقدم رکھا جائے گا۔

وزیر نے کہا کہ ملک کی معاشی صورتحال میں بہتری آ رہی ہے اور سرمایہ کاری کے مواقع بڑھ رہے ہیں، انہوں نے کہا کہ حکومت عوام کو ریلیف دینے کے لئے ہر ممکن اقدامات کر رہی ہے اور مہنگائی پر قابو پانے کی کوششیں جاری ہیں۔

عدالت نے کیس کی سماعت کے دوران فریقین کے دلائل سنے اور مزید سماعت آئندہ تاریخ تک ملتوی کر دی، عدالت نے متعلقہ حکام سے تفصیلی جواب طلب کرتے ہوئے ہدایت کی کہ آئندہ سماعت پر تمام ریکارڈ پیش کیا جائے۔

پولیس کے مطابق واقعہ کی اطلاع ملتے ہی ٹیمیں موقع پر پہنچ گئیں اور علاقے کو گھیرے میں لے کر تحقیقات کا آغاز کر دیا گیا، ملزمان کی گرفتاری کے لئے چھاپے مارے جا رہے ہیں اور جلد انہیں قانون کی گرفت میں لایا جائے گا۔

27	وائٹ ہاؤس	بقیہ

وزیر نے کہا کہ ملک کی معاشی صورتحال میں بہتری آ رہی ہے اور سرمایہ کاری کے مواقع بڑھ رہے ہیں، انہوں نے کہا کہ حکومت عوام کو ریلیف دینے کے لئے ہر ممکن اقدامات کر رہی ہے اور مہنگائی پر قابو پانے کی کوششیں جاری ہیں۔

عدالت نے کیس کی سماعت کے دوران فریقین کے دلائل سنے اور مزید سماعت آئندہ تاریخ تک ملتوی کر دی، عدالت نے متعلقہ حکام سے تفصیلی جواب طلب کرتے ہوئے ہدایت کی کہ آئندہ سماعت پر تمام ریکارڈ پیش کیا جائے۔

پولیس کے مطابق واقعہ کی اطلاع ملتے ہی ٹیمیں موقع پر پہنچ گئیں اور علاقے کو گھیرے میں لے کر تحقیقات کا آغاز کر دیا گیا، ملزمان کی گرفتاری کے لئے چھاپے مارے جا رہے ہیں اور جلد انہیں قانون کی گرفت میں لایا جائے گا۔

اسلام آباد میں منعقدہ اجلاس میں متعلقہ حکام نے شرکت کی اور مختلف امور پر تفصیلی غور کیا گیا، اجلاس کے شرکاء نے صورتحال کا جائزہ لیتے ہوئے اہم فیصلے کئے اور آئندہ کے لائحہ عمل پر اتفاق کیا گیا جس کے بعد متعلقہ اداروں کو ہدایات جاری کر دی گئیں۔

28	قتل	بقیہ

عدالت نے کیس کی سماعت کے دوران فریقین کے دلائل سنے اور مزید سماعت آئندہ تاریخ تک ملتوی کر دی، عدالت نے متعلقہ حکام سے تفصیلی جواب طلب کرتے ہوئے ہدایت کی کہ آئندہ سماعت پر تمام ریکارڈ پیش کیا جائے۔

پولیس کے مطابق واقعہ کی اطلاع ملتے ہی ٹیمیں موقع پر پہنچ گئیں اور علاقے کو گھیرے میں لے کر تحقیقات کا آغاز کر دیا گیا، ملزمان کی گرفتاری کے لئے چھاپے مارے جا رہے ہیں اور جلد انہیں قانون کی گرفت میں لایا جائے گا۔

اسلام آباد میں منعقدہ اجلاس میں متعلقہ حکام نے شرکت کی اور مختلف امور پر تفصیلی غور کیا گیا، اجلاس کے شرکاء نے صورتحال کا جائزہ لیتے ہوئے اہم فیصلے کئے اور آئندہ کے لائحہ عمل پر اتفاق کیا گیا جس کے بعد متعلقہ اداروں کو ہدایات جاری کر دی گئیں۔

ذرائع کے مطابق حکومت نے اس معاملے پر فوری کارروائی کا فیصلہ کیا ہے اور اس سلسلے میں ایک کمیٹی تشکیل دی گئی ہے جو اپنی رپورٹ جلد پیش کرے گی، ترجمان نے بتایا کہ عوام کے مفاد کو ہر صورت مقدم رکھا جائے گا۔

29	امن و امان	بقیہ

پولیس کے مطابق واقعہ کی اطلاع ملتے ہی ٹیمیں موقع پر پہنچ گئیں اور علاقے کو گھیرے میں لے کر تحقیقات کا آغاز کر دیا گیا، ملزمان کی گرفتاری کے لئے چھاپے مارے جا رہے ہیں اور جلد انہیں قانون کی گرفت میں لایا جائے گا۔

اسلام آباد میں منعقدہ اجلاس میں متعلقہ حکام نے شرکت کی اور مختلف امور پر تفصیلی غور کیا گیا، اجلاس کے شرکاء نے صورتحال کا جائزہ لیتے ہوئے اہم فیصلے کئے اور آئندہ کے لائحہ عمل پر اتفاق کیا گیا جس کے بعد متعلقہ اداروں کو ہدایات جاری کر دی گئیں۔

ذرائع کے مطابق حکومت نے اس معاملے پر فوری کارروائی کا فیصلہ کیا ہے اور اس سلسلے میں ایک کمیٹی تشکیل دی گئی ہے جو اپنی رپورٹ جلد پیش کرے گی، ترجمان نے بتایا کہ عوام کے مفاد کو ہر صورت مقدم رکھا جائے گا۔

وزیر نے کہا کہ ملک کی معاشی صورتحال میں بہتری آ رہی ہے اور سرمایہ کاری کے مواقع بڑھ رہے ہیں، انہوں نے کہا کہ حکومت عوام کو ریلیف دینے کے لئے ہر ممکن اقدامات کر رہی ہے اور مہنگائی پر قابو پانے کی کوششیں جاری ہیں۔

30	اقتصادی	بقیہ

اسلام آباد میں منعقدہ اجلاس میں متعلقہ حکام نے شرکت کی اور مختلف امور پر تفصیلی غور کیا گیا، اجلاس کے شرکاء نے صورتحال کا جائزہ لیتے ہوئے اہم فیصلے کئے اور آئندہ کے لائحہ عمل پر اتفاق کیا گیا جس کے بعد متعلقہ اداروں کو ہدایات جاری کر دی گئیں۔

ذرائع کے مطابق حکومت نے اس معاملے پر فوری کارروائی کا فیصلہ کیا ہے اور اس سلسلے میں ایک کمیٹی تشکیل دی گئی ہے جو اپنی رپورٹ جلد پیش کرے گی، ترجمان نے بتایا کہ عوام کے مفاد کو ہر صورت مقدم رکھا جائے گا۔

وزیر نے کہا کہ ملک کی معاشی صورتحال میں بہتری آ رہی ہے اور سرمایہ کاری کے مواقع بڑھ رہے ہیں، انہوں نے کہا کہ حکومت عوام کو ریلیف دینے کے لئے ہر ممکن اقدامات کر رہی ہے اور مہنگائی پر قابو پانے کی کوششیں جاری ہیں۔

عدالت نے کیس کی سماعت کے دوران فریقین کے دلائل سنے اور مزید سماعت آئندہ تاریخ تک ملتوی کر دی، عدالت نے متعلقہ حکام سے تفصیلی جواب طلب کرتے ہوئے ہدایت کی کہ آئندہ سماعت پر تمام ریکارڈ پیش کیا جائے۔

31	اوپن مارکیٹ	بقیہ

ذرائع کے مطابق حکومت نے اس معاملے پر فوری کارروائی کا فیصلہ کیا ہے اور اس سلسلے میں ایک کمیٹی تشکیل دی گئی ہے جو اپنی رپورٹ جلد پیش کرے گی، ترجمان نے بتایا کہ عوام کے مفاد کو ہر صورت مقدم رکھا جائے گا۔

وزیر نے کہا کہ ملک کی معاشی صورتحال میں بہتری آ رہی ہے اور سرمایہ کاری کے مواقع بڑھ رہے ہیں، انہوں نے کہا کہ حکومت عوام کو ریلیف دینے کے لئے ہر ممکن اقدامات کر رہی ہے اور مہنگائی پر قابو پانے کی کوششیں جاری ہیں۔

عدالت نے کیس کی سماعت کے دوران فریقین کے دلائل سنے اور مزید سماعت آئندہ تاریخ تک ملتوی کر دی، عدالت نے متعلقہ حکام سے تفصیلی جواب طلب کرتے ہوئے ہدایت کی کہ آئندہ سماعت پر تمام ریکارڈ پیش کیا جائے۔

پولیس کے مطابق واقعہ کی اطلاع ملتے ہی ٹیمیں موقع پر پہنچ گئیں اور علاقے کو گھیرے میں لے کر تحقیقات کا آغاز کر دیا گیا، ملزمان کی گرفتاری کے لئے چھاپے مارے جا رہے ہیں اور جلد انہیں قانون کی گرفت میں لایا جائے گا۔

عدالت نے کیس کی سماعت کے دوران فریقین کے دلائل سنے اور مزید سماعت آئندہ تاریخ تک ملتوی کر دی، عدالت نے متعلقہ حکام سے تفصیلی جواب طلب کرتے ہوئے ہدایت کی کہ آئندہ سماعت پر تمام ریکارڈ پیش کیا جائے۔

پولیس کے مطابق واقعہ کی اطلاع ملتے ہی ٹیمیں موقع پر پہنچ گئیں اور علاقے کو گھیرے میں لے کر تحقیقات کا آغاز کر دیا گیا، ملزمان کی گرفتاری کے لئے چھاپے مارے جا رہے ہیں اور جلد انہیں قانون کی گرفت میں لایا جائے گا۔

اسلام آباد میں منعقدہ اجلاس میں متعلقہ حکام نے شرکت کی اور مختلف امور پر تفصیلی غور کیا گیا، اجلاس کے شرکاء نے صورتحال کا جائزہ لیتے ہوئے اہم فیصلے کئے اور آئندہ کے لائحہ عمل پر اتفاق کیا گیا جس کے بعد متعلقہ اداروں کو ہدایات جاری کر دی گئیں۔

32	عدالت	بقیہ

پولیس کے مطابق واقعہ کی اطلاع ملتے ہی ٹیمیں موقع پر پہنچ گئیں اور علاقے کو گھیرے میں لے کر تحقیقات کا آغاز کر دیا گیا، ملزمان کی گرفتاری کے لئے چھاپے مارے جا رہے ہیں اور جلد انہیں قانون کی گرفت میں لایا جائے گا۔

اسلام آباد میں منعقدہ اجلاس میں متعلقہ حکام نے شرکت کی اور مختلف امور پر تفصیلی غور کیا گیا، اجلاس کے شرکاء نے صورتحال کا جائزہ لیتے ہوئے اہم فیصلے کئے اور آئندہ کے لائحہ عمل پر اتفاق کیا گیا جس کے بعد متعلقہ اداروں کو ہدایات جاری کر دی گئیں۔

ذرائع کے مطابق حکومت نے اس معاملے پر فوری کارروائی کا فیصلہ کیا ہے اور اس سلسلے میں ایک کمیٹی تشکیل دی گئی ہے جو اپنی رپورٹ جلد پیش کرے گی، ترجمان نے بتایا کہ عوام کے مفاد کو ہر صورت مقدم رکھا جائے گا۔

33	مذاکرات	بقیہ

اسلام آباد میں منعقدہ اجلاس میں متعلقہ حکام نے شرکت کی اور مختلف امور پر تفصیلی غور کیا گیا، اجلاس کے شرکاء نے صورتحال کا جائزہ لیتے ہوئے اہم فیصلے کئے اور آئندہ کے لائحہ عمل پر اتفاق کیا گیا جس کے بعد متعلقہ اداروں کو ہدایات جاری کر دی گئیں۔

ذرائع کے مطابق حکومت نے اس معاملے پر فوری کارروائی کا فیصلہ کیا ہے اور اس سلسلے میں ایک کمیٹی تشکیل دی گئی ہے جو اپنی رپورٹ جلد پیش کرے گی، ترجمان نے بتایا کہ عوام کے مفاد کو ہر صورت مقدم رکھا جائے گا۔

وزیر نے کہا کہ ملک کی معاشی صورتحال میں بہتری آ رہی ہے اور سرمایہ کاری کے مواقع بڑھ رہے ہیں، انہوں نے کہا کہ حکومت عوام کو ریلیف دینے کے لئے ہر ممکن اقدامات کر رہی ہے اور مہنگائی پر قابو پانے کی کوششیں جاری ہیں۔

34	پولیس	بقیہ

ذرائع کے مطابق حکومت نے اس معاملے پر فوری کارروائی کا فیصلہ کیا ہے اور اس سلسلے میں ایک کمیٹی تشکیل دی گئی ہے جو اپنی رپورٹ جلد پیش کرے گی، ترجمان نے بتایا کہ عوام کے مفاد کو ہر صورت مقدم رکھا جائے گا۔

وزیر نے کہا کہ ملک کی معاشی صورتحال میں بہتری آ رہی ہے اور سرمایہ کاری کے مواقع بڑھ رہے ہیں، انہوں نے کہا کہ حکومت عوام کو ریلیف دینے کے لئے ہر ممکن اقدامات کر رہی ہے اور مہنگائی پر قابو پانے کی کوششیں جاری ہیں۔

عدالت نے کیس کی سماعت کے دوران فریقین کے دلائل سنے اور مزید سماعت آئندہ تاریخ تک ملتوی کر دی، عدالت نے متعلقہ حکام سے تفصیلی جواب طلب کرتے ہوئے ہدایت کی کہ آئندہ سماعت پر تمام ریکارڈ پیش کیا جائے۔

35	ٹیرف	بقیہ

وزیر نے کہا کہ ملک کی معاشی صورتحال میں بہتری آ رہی ہے اور سرمایہ کاری کے مواقع بڑھ رہے ہیں، انہوں نے کہا کہ حکومت عوام کو ریلیف دینے کے لئے ہر ممکن اقدامات کر رہی ہے اور مہنگائی پر قابو پانے کی کوششیں جاری ہیں۔

عدالت نے کیس کی سماعت کے دوران فریقین کے دلائل سنے اور مزید سماعت آئندہ تاریخ تک ملتوی کر دی، عدالت نے متعلقہ حکام سے تفصیلی جواب طلب کرتے ہوئے ہدایت کی کہ آئندہ سماعت پر تمام ریکارڈ پیش کیا جائے۔

پولیس کے مطابق واقعہ کی اطلاع ملتے ہی ٹیمیں موقع پر پہنچ گئیں اور علاقے کو گھیرے میں لے کر تحقیقات کا آغاز کر دیا گیا، ملزمان کی گرفتاری کے لئے چھاپے مارے جا رہے ہیں اور جلد انہیں قانون کی گرفت میں لایا جائے گا۔

36	تجارت	بقیہ

عدالت نے کیس کی سماعت کے دوران فریقین کے دلائل سنے اور مزید سماعت آئندہ تاریخ تک ملتوی کر دی، عدالت نے متعلقہ حکام سے تفصیلی جواب طلب کرتے ہوئے ہدایت کی کہ آئندہ سماعت پر تمام ریکارڈ پیش کیا جائے۔

پولیس کے مطابق واقعہ کی اطلاع ملتے ہی ٹیمیں موقع پر پہنچ گئیں اور علاقے کو گھیرے میں لے کر تحقیقات کا آغاز کر دیا گیا، ملزمان کی گرفتاری کے لئے چھاپے مارے جا رہے ہیں اور جلد انہیں قانون کی گرفت میں لایا جائے گا۔

اسلام آباد میں منعقدہ اجلاس میں متعلقہ حکام نے شرکت کی اور مختلف امور پر تفصیلی غور کیا گیا، اجلاس کے شرکاء نے صورتحال کا جائزہ لیتے ہوئے اہم فیصلے کئے اور آئندہ کے لائحہ عمل پر اتفاق کیا گیا جس کے بعد متعلقہ اداروں کو ہدایات جاری کر دی گئیں۔

37	تعلیمی	بقیہ

پولیس کے مطابق واقعہ کی اطلاع ملتے ہی ٹیمیں موقع پر پہنچ گئیں اور علاقے کو گھیرے میں لے کر تحقیقات کا آغاز کر دیا گیا، ملزمان کی گرفتاری کے لئے چھاپے مارے جا رہے ہیں اور جلد انہیں قانون کی گرفت میں لایا جائے گا۔

اسلام آباد میں منعقدہ اجلاس میں متعلقہ حکام نے شرکت کی اور مختلف امور پر تفصیلی غور کیا گیا، اجلاس کے شرکاء نے صورتحال کا جائزہ لیتے ہوئے اہم فیصلے کئے اور آئندہ کے لائحہ عمل پر اتفاق کیا گیا جس کے بعد متعلقہ اداروں کو ہدایات جاری کر دی گئیں۔

ذرائع کے مطابق حکومت نے اس معاملے پر فوری کارروائی کا فیصلہ کیا ہے اور اس سلسلے میں ایک کمیٹی تشکیل دی گئی ہے جو اپنی رپورٹ جلد پیش کرے گی، ترجمان نے بتایا کہ عوام کے مفاد کو ہر صورت مقدم رکھا جائے گا۔

38	فیصلہ	بقیہ

اسلام آباد میں منعقدہ اجلاس میں متعلقہ حکام نے شرکت کی اور مختلف امور پر تفصیلی غور کیا گیا، اجلاس کے شرکاء نے صورتحال کا جائزہ لیتے ہوئے اہم فیصلے کئے اور آئندہ کے لائحہ عمل پر اتفاق کیا گیا جس کے بعد متعلقہ اداروں کو ہدایات جاری کر دی گئیں۔

ذرائع کے مطابق حکومت نے اس معاملے پر فوری کارروائی کا فیصلہ کیا ہے اور اس سلسلے میں ایک کمیٹی تشکیل دی گئی ہے جو اپنی رپورٹ جلد پیش کرے گی، ترجمان نے بتایا کہ عوام کے مفاد کو ہر صورت مقدم رکھا جائے گا۔

وزیر نے کہا کہ ملک کی معاشی صورتحال میں بہتری آ رہی ہے اور سرمایہ کاری کے مواقع بڑھ رہے ہیں، انہوں نے کہا کہ حکومت عوام کو ریلیف دینے کے لئے ہر ممکن اقدامات کر رہی ہے اور مہنگائی پر قابو پانے کی کوششیں جاری ہیں۔

39	بجٹ	بقیہ

ذرائع کے مطابق حکومت نے اس معاملے پر فوری کارروائی کا فیصلہ کیا ہے اور اس سلسلے میں ایک کمیٹی تشکیل دی گئی ہے جو اپنی رپورٹ جلد پیش کرے گی، ترجمان نے بتایا کہ عوام کے مفاد کو ہر صورت مقدم رکھا جائے گا۔

وزیر نے کہا کہ ملک کی معاشی صورتحال میں بہتری آ رہی ہے اور سرمایہ کاری کے مواقع بڑھ رہے ہیں، انہوں نے کہا کہ حکومت عوام کو ریلیف دینے کے لئے ہر ممکن اقدامات کر رہی ہے اور مہنگائی پر قابو پانے کی کوششیں جاری ہیں۔

عدالت نے کیس کی سماعت کے دوران فریقین کے دلائل سنے اور مزید سماعت آئندہ تاریخ تک ملتوی کر دی، عدالت نے متعلقہ حکام سے تفصیلی جواب طلب کرتے ہوئے ہدایت کی کہ آئندہ سماعت پر تمام ریکارڈ پیش کیا جائے۔

40	ملاقات	بقیہ

وزیر نے کہا کہ ملک کی معاشی صورتحال میں بہتری آ رہی ہے اور سرمایہ کاری کے مواقع بڑھ رہے ہیں، انہوں نے کہا کہ حکومت عوام کو ریلیف دینے کے لئے ہر ممکن اقدامات کر رہی ہے اور مہنگائی پر قابو پانے کی کوششیں جاری ہیں۔

عدالت نے کیس کی سماعت کے دوران فریقین کے دلائل سنے اور مزید سماعت آئندہ تاریخ تک ملتوی کر دی، عدالت نے متعلقہ حکام سے تفصیلی جواب طلب کرتے ہوئے ہدایت کی کہ آئندہ سماعت پر تمام ریکارڈ پیش کیا جائے۔

پولیس کے مطابق واقعہ کی اطلاع ملتے ہی ٹیمیں موقع پر پہنچ گئیں اور علاقے کو گھیرے میں لے کر تحقیقات کا آغاز کر دیا گیا، ملزمان کی گرفتاری کے لئے چھاپے مارے جا رہے ہیں اور جلد انہیں قانون کی گرفت میں لایا جائے گا۔

41	قیمتیں	بقیہ

عدالت نے کیس کی سماعت کے دوران فریقین کے دلائل سنے اور مزید سماعت آئندہ تاریخ تک ملتوی کر دی، عدالت نے متعلقہ حکام سے تفصیلی جواب طلب کرتے ہوئے ہدایت کی کہ آئندہ سماعت پر تمام ریکارڈ پیش کیا جائے۔

پولیس کے مطابق واقعہ کی اطلاع ملتے ہی ٹیمیں موقع پر پہنچ گئیں اور علاقے کو گھیرے میں لے کر تحقیقات کا آغاز کر دیا گیا، ملزمان کی گرفتاری کے لئے چھاپے مارے جا رہے ہیں اور جلد انہیں قانون کی گرفت میں لایا جائے گا۔

اسلام آباد میں منعقدہ اجلاس میں متعلقہ حکام نے شرکت کی اور مختلف امور پر تفصیلی غور کیا گیا، اجلاس کے شرکاء نے صورتحال کا جائزہ لیتے ہوئے اہم فیصلے کئے اور آئندہ کے لائحہ عمل پر اتفاق کیا گیا جس کے بعد متعلقہ اداروں کو ہدایات جاری کر دی گئیں۔

پولیس کے مطابق واقعہ کی اطلاع ملتے ہی ٹیمیں موقع پر پہنچ گئیں اور علاقے کو گھیرے میں لے کر تحقیقات کا آغاز کر دیا گیا، ملزمان کی گرفتاری کے لئے چھاپے مارے جا رہے ہیں اور جلد انہیں قانون کی گرفت میں لایا جائے گا۔

اسلام آباد میں منعقدہ اجلاس میں متعلقہ حکام نے شرکت کی اور مختلف امور پر تفصیلی غور کیا گیا، اجلاس کے شرکاء نے صورتحال کا جائزہ لیتے ہوئے اہم فیصلے کئے اور آئندہ کے لائحہ عمل پر اتفاق کیا گیا جس کے بعد متعلقہ اداروں کو ہدایات جاری کر دی گئیں۔

ذرائع کے مطابق حکومت نے اس معاملے پر فوری کارروائی کا فیصلہ کیا ہے اور اس سلسلے میں ایک کمیٹی تشکیل دی گئی ہے جو اپنی رپورٹ جلد پیش کرے گی، ترجمان نے بتایا کہ عوام کے مفاد کو ہر صورت مقدم رکھا جائے گا۔

42	آئی ایم ایف	بقیہ

اسلام آباد میں منعقدہ اجلاس میں متعلقہ حکام نے شرکت کی اور مختلف امور پر تفصیلی غور کیا گیا، اجلاس کے شرکاء نے صورتحال کا جائزہ لیتے ہوئے اہم فیصلے کئے اور آئندہ کے لائحہ عمل پر اتفاق کیا گیا جس کے بعد متعلقہ اداروں کو ہدایات جاری کر دی گئیں۔

ذرائع کے مطابق حکومت نے اس معاملے پر فوری کارروائی کا فیصلہ کیا ہے اور اس سلسلے میں ایک کمیٹی تشکیل دی گئی ہے جو اپنی رپورٹ جلد پیش کرے گی، ترجمان نے بتایا کہ عوام کے مفاد کو ہر صورت مقدم رکھا جائے گا۔

وزیر نے کہا کہ ملک کی معاشی صورتحال میں بہتری آ رہی ہے اور سرمایہ کاری کے مواقع بڑھ رہے ہیں، انہوں نے کہا کہ حکومت عوام کو ریلیف دینے کے لئے ہر ممکن اقدامات کر رہی ہے اور مہنگائی پر قابو پانے کی کوششیں جاری ہیں۔

عدالت نے کیس کی سماعت کے دوران فریقین کے دلائل سنے اور مزید سماعت آئندہ تاریخ تک ملتوی کر دی، عدالت نے متعلقہ حکام سے تفصیلی جواب طلب کرتے ہوئے ہدایت کی کہ آئندہ سماعت پر تمام ریکارڈ پیش کیا جائے۔

پولیس کے مطابق واقعہ کی اطلاع ملتے ہی ٹیمیں موقع پر پہنچ گئیں اور علاقے کو گھیرے میں لے کر تحقیقات کا آغاز کر دیا گیا، ملزمان کی گرفتاری کے لئے چھاپے مارے جا رہے ہیں اور جلد انہیں قانون کی گرفت میں لایا جائے گا۔

اسلام آباد میں منعقدہ اجلاس میں متعلقہ حکام نے شرکت کی اور مختلف امور پر تفصیلی غور کیا گیا، اجلاس کے شرکاء نے صورتحال کا جائزہ لیتے ہوئے اہم فیصلے کئے اور آئندہ کے لائحہ عمل پر اتفاق کیا گیا جس کے بعد متعلقہ اداروں کو ہدایات جاری کر دی گئیں۔

43	اجلاس	بقیہ

ذرائع کے مطابق حکومت نے اس معاملے پر فوری کارروائی کا فیصلہ کیا ہے اور اس سلسلے میں ایک کمیٹی تشکیل دی گئی ہے جو اپنی رپورٹ جلد پیش کرے گی، ترجمان نے بتایا کہ عوام کے مفاد کو ہر صورت مقدم رکھا جائے گا۔

وزیر نے کہا کہ ملک کی معاشی صورتحال میں بہتری آ رہی ہے اور سرمایہ کاری کے مواقع بڑھ رہے ہیں، انہوں نے کہا کہ حکومت عوام کو ریلیف دینے کے لئے ہر ممکن اقدامات کر رہی ہے اور مہنگائی پر قابو پانے کی کوششیں جاری ہیں۔

عدالت نے کیس کی سماعت کے دوران فریقین کے دلائل سنے اور مزید سماعت آئندہ تاریخ تک ملتوی کر دی، عدالت نے متعلقہ حکام سے تفصیلی جواب طلب کرتے ہوئے ہدایت کی کہ آئندہ سماعت پر تمام ریکارڈ پیش کیا جائے۔

پولیس کے مطابق واقعہ کی اطلاع ملتے ہی ٹیمیں موقع پر پہنچ گئیں اور علاقے کو گھیرے میں لے کر تحقیقات کا آغاز کر دیا گیا، ملزمان کی گرفتاری کے لئے چھاپے مارے جا رہے ہیں اور جلد انہیں قانون کی گرفت میں لایا جائے گا۔

اسلام آباد میں منعقدہ اجلاس میں متعلقہ حکام نے شرکت کی اور مختلف امور پر تفصیلی غور کیا گیا، اجلاس کے شرکاء نے صورتحال کا جائزہ لیتے ہوئے اہم فیصلے کئے اور آئندہ کے لائحہ عمل پر اتفاق کیا گیا جس کے بعد متعلقہ اداروں کو ہدایات جاری کر دی گئیں۔

ذرائع کے مطابق حکومت نے اس معاملے پر فوری کارروائی کا فیصلہ کیا ہے اور اس سلسلے میں ایک کمیٹی تشکیل دی گئی ہے جو اپنی رپورٹ جلد پیش کرے گی، ترجمان نے بتایا کہ عوام کے مفاد کو ہر صورت مقدم رکھا جائے گا۔

44	اقوام متحدہ	بقیہ

وزیر نے کہا کہ ملک کی معاشی صورتحال میں بہتری آ رہی ہے اور سرمایہ کاری کے مواقع بڑھ رہے ہیں، انہوں نے کہا کہ حکومت عوام کو ریلیف دینے کے لئے ہر ممکن اقدامات کر رہی ہے اور مہنگائی پر قابو پانے کی کوششیں جاری ہیں۔

عدالت نے کیس کی سماعت کے دوران فریقین کے دلائل سنے اور مزید سماعت آئندہ تاریخ تک ملتوی کر دی، عدالت نے متعلقہ حکام سے تفصیلی جواب طلب کرتے ہوئے ہدایت کی کہ آئندہ سماعت پر تمام ریکارڈ پیش کیا جائے۔

پولیس کے مطابق واقعہ کی اطلاع ملتے ہی ٹیمیں موقع پر پہنچ گئیں اور علاقے کو گھیرے میں لے کر تحقیقات کا آغاز کر دیا گیا، ملزمان کی گرفتاری کے لئے چھاپے مارے جا رہے ہیں اور جلد انہیں قانون کی گرفت میں لایا جائے گا۔

اسلام آباد میں منعقدہ اجلاس میں متعلقہ حکام نے شرکت کی اور مختلف امور پر تفصیلی غور کیا گیا، اجلاس کے شرکاء نے صورتحال کا جائزہ لیتے ہوئے اہم فیصلے کئے اور آئندہ کے لائحہ عمل پر اتفاق کیا گیا جس کے بعد متعلقہ اداروں کو ہدایات جاری کر دی گئیں۔

ذرائع کے مطابق حکومت نے اس معاملے پر فوری کارروائی کا فیصلہ کیا ہے اور اس سلسلے میں ایک کمیٹی تشکیل دی گئی ہے جو اپنی رپورٹ جلد پیش کرے گی، ترجمان نے بتایا کہ عوام کے مفاد کو ہر صورت مقدم رکھا جائے گا۔

وزیر نے کہا کہ ملک کی معاشی صورتحال میں بہتری آ رہی ہے اور سرمایہ کاری کے مواقع بڑھ رہے ہیں، انہوں نے کہا کہ حکومت عوام کو ریلیف دینے کے لئے ہر ممکن اقدامات کر رہی ہے اور مہنگائی پر قابو پانے کی کوششیں جاری ہیں۔

45	عوامی نیشنل	بقیہ

عدالت نے کیس کی سماعت کے دوران فریقین کے دلائل سنے اور مزید سماعت آئندہ تاریخ تک ملتوی کر دی، عدالت نے متعلقہ حکام سے تفصیلی جواب طلب کرتے ہوئے ہدایت کی کہ آئندہ سماعت پر تمام ریکارڈ پیش کیا جائے۔

پولیس کے مطابق واقعہ کی اطلاع ملتے ہی ٹیمیں موقع پر پہنچ گئیں اور علاقے کو گھیرے میں لے کر تحقیقات کا آغاز کر دیا گیا، ملزمان کی گرفتاری کے لئے چھاپے مارے جا رہے ہیں اور جلد انہیں قانون کی گرفت میں لایا جائے گا۔

اسلام آباد میں منعقدہ اجلاس میں متعلقہ حکام نے شرکت کی اور مختلف امور پر تفصیلی غور کیا گیا، اجلاس کے شرکاء نے صورتحال کا جائزہ لیتے ہوئے اہم فیصلے کئے اور آئندہ کے لائحہ عمل پر اتفاق کیا گیا جس کے بعد متعلقہ اداروں کو ہدایات جاری کر دی گئیں۔

ذرائع کے مطابق حکومت نے اس معاملے پر فوری کارروائی کا فیصلہ کیا ہے اور اس سلسلے میں ایک کمیٹی تشکیل دی گئی ہے جو اپنی رپورٹ جلد پیش کرے گی، ترجمان نے بتایا کہ عوام کے مفاد کو ہر صورت مقدم رکھا جائے گا۔

وزیر نے کہا کہ ملک کی معاشی صورتحال میں بہتری آ رہی ہے اور سرمایہ کاری کے مواقع بڑھ رہے ہیں، انہوں نے کہا کہ حکومت عوام کو ریلیف دینے کے لئے ہر ممکن اقدامات کر رہی ہے اور مہنگائی پر قابو پانے کی کوششیں جاری ہیں۔

عدالت نے کیس کی سماعت کے دوران فریقین کے دلائل سنے اور مزید سماعت آئندہ تاریخ تک ملتوی کر دی، عدالت نے متعلقہ حکام سے تفصیلی جواب طلب کرتے ہوئے ہدایت کی کہ آئندہ سماعت پر تمام ریکارڈ پیش کیا جائے۔

46	کمیٹی	بقیہ

پولیس کے مطابق واقعہ کی اطلاع ملتے ہی ٹیمیں موقع پر پہنچ گئیں اور علاقے کو گھیرے میں لے کر تحقیقات کا آغاز کر دیا گیا، ملزمان کی گرفتاری کے لئے چھاپے مارے جا رہے ہیں اور جلد انہیں قانون کی گرفت میں لایا جائے گا۔

اسلام آباد میں منعقدہ اجلاس میں متعلقہ حکام نے شرکت کی اور مختلف امور پر تفصیلی غور کیا گیا، اجلاس کے شرکاء نے صورتحال کا جائزہ لیتے ہوئے اہم فیصلے کئے اور آئندہ کے لائحہ عمل پر اتفاق کیا گیا جس کے بعد متعلقہ اداروں کو ہدایات جاری کر دی گئیں۔

ذرائع کے مطابق حکومت نے اس معاملے پر فوری کارروائی کا فیصلہ کیا ہے اور اس سلسلے میں ایک کمیٹی تشکیل دی گئی ہے جو اپنی رپورٹ جلد پیش کرے گی، ترجمان نے بتایا کہ عوام کے مفاد کو ہر صورت مقدم رکھا جائے گا۔

وزیر نے کہا کہ ملک کی معاشی صورتحال میں بہتری آ رہی ہے اور سرمایہ کاری کے مواقع بڑھ رہے ہیں، انہوں نے کہا کہ حکومت عوام کو ریلیف دینے کے لئے ہر ممکن اقدامات کر رہی ہے اور مہنگائی پر قابو پانے کی کوششیں جاری ہیں۔

عدالت نے کیس کی سماعت کے دوران فریقین کے دلائل سنے اور مزید سماعت آئندہ تاریخ تک ملتوی کر دی، عدالت نے متعلقہ حکام سے تفصیلی جواب طلب کرتے ہوئے ہدایت کی کہ آئندہ سماعت پر تمام ریکارڈ پیش کیا جائے۔

پولیس کے مطابق واقعہ کی اطلاع ملتے ہی ٹیمیں موقع پر پہنچ گئیں اور علاقے کو گھیرے میں لے کر تحقیقات کا آغاز کر دیا گیا، ملزمان کی گرفتاری کے لئے چھاپے مارے جا رہے ہیں اور جلد انہیں قانون کی گرفت میں لایا جائے گا۔

47	چوہدری سالک	بقیہ

اسلام آباد میں منعقدہ اجلاس میں متعلقہ حکام نے شرکت کی اور مختلف امور پر تفصیلی غور کیا گیا، اجلاس کے شرکاء نے صورتحال کا جائزہ لیتے ہوئے اہم فیصلے کئے اور آئندہ کے لائحہ عمل پر اتفاق کیا گیا جس کے بعد متعلقہ اداروں کو ہدایات جاری کر دی گئیں۔

ذرائع کے مطابق حکومت نے اس معاملے پر فوری کارروائی کا فیصلہ کیا ہے اور اس سلسلے میں ایک کمیٹی تشکیل دی گئی ہے جو اپنی رپورٹ جلد پیش کرے گی، ترجمان نے بتایا کہ عوام کے مفاد کو ہر صورت مقدم رکھا جائے گا۔

وزیر نے کہا کہ ملک کی معاشی صورتحال میں بہتری آ رہی ہے اور سرمایہ کاری کے مواقع بڑھ رہے ہیں، انہوں نے کہا کہ حکومت عوام کو ریلیف دینے کے لئے ہر ممکن اقدامات کر رہی ہے اور مہنگائی پر قابو پانے کی کوششیں جاری ہیں۔

عدالت نے کیس کی سماعت کے دوران فریقین کے دلائل سنے اور مزید سماعت آئندہ تاریخ تک ملتوی کر دی، عدالت نے متعلقہ حکام سے تفصیلی جواب طلب کرتے ہوئے ہدایت کی کہ آئندہ سماعت پر تمام ریکارڈ پیش کیا جائے۔

پولیس کے مطابق واقعہ کی اطلاع ملتے ہی ٹیمیں موقع پر پہنچ گئیں اور علاقے کو گھیرے میں لے کر تحقیقات کا آغاز کر دیا گیا، ملزمان کی گرفتاری کے لئے چھاپے مارے جا رہے ہیں اور جلد انہیں قانون کی گرفت میں لایا جائے گا۔

اسلام آباد میں منعقدہ اجلاس میں متعلقہ حکام نے شرکت کی اور مختلف امور پر تفصیلی غور کیا گیا، اجلاس کے شرکاء نے صورتحال کا جائزہ لیتے ہوئے اہم فیصلے کئے اور آئندہ کے لائحہ عمل پر اتفاق کیا گیا جس کے بعد متعلقہ اداروں کو ہدایات جاری کر دی گئیں۔

اسلام آباد میں منعقدہ اجلاس میں متعلقہ حکام نے شرکت کی اور مختلف امور پر تفصیلی غور کیا گیا، اجلاس کے شرکاء نے صورتحال کا جائزہ لیتے ہوئے اہم فیصلے کئے اور آئندہ کے لائحہ عمل پر اتفاق کیا گیا جس کے بعد متعلقہ اداروں کو ہدایات جاری کر دی گئیں۔

ذرائع کے مطابق حکومت نے اس معاملے پر فوری کارروائی کا فیصلہ کیا ہے اور اس سلسلے میں ایک کمیٹی تشکیل دی گئی ہے جو اپنی رپورٹ جلد پیش کرے گی، ترجمان نے بتایا کہ عوام کے مفاد کو ہر صورت مقدم رکھا جائے گا۔

وزیر نے کہا کہ ملک کی معاشی صورتحال میں بہتری آ رہی ہے اور سرمایہ کاری کے مواقع بڑھ رہے ہیں، انہوں نے کہا کہ حکومت عوام کو ریلیف دینے کے لئے ہر ممکن اقدامات کر رہی ہے اور مہنگائی پر قابو پانے کی کوششیں جاری ہیں۔

48	گرفتار	بقیہ

ذرائع کے مطابق حکومت نے اس معاملے پر فوری کارروائی کا فیصلہ کیا ہے اور اس سلسلے میں ایک کمیٹی تشکیل دی گئی ہے جو اپنی رپورٹ جلد پیش کرے گی، ترجمان نے بتایا کہ عوام کے مفاد کو ہر صورت مقدم رکھا جائے گا۔

وزیر نے کہا کہ ملک کی معاشی صورتحال میں بہتری آ رہی ہے اور سرمایہ کاری کے مواقع بڑھ رہے ہیں، انہوں نے کہا کہ حکومت عوام کو ریلیف دینے کے لئے ہر ممکن اقدامات کر رہی ہے اور مہنگائی پر قابو پانے کی کوششیں جاری ہیں۔

عدالت نے کیس کی سماعت کے دوران فریقین کے دلائل سنے اور مزید سماعت آئندہ تاریخ تک ملتوی کر دی، عدالت نے متعلقہ حکام سے تفصیلی جواب طلب کرتے ہوئے ہدایت کی کہ آئندہ سماعت پر تمام ریکارڈ پیش کیا جائے۔

پولیس کے مطابق واقعہ کی اطلاع ملتے ہی ٹیمیں موقع پر پہنچ گئیں اور علاقے کو گھیرے میں لے کر تحقیقات کا آغاز کر دیا گیا، ملزمان کی گرفتاری کے لئے چھاپے مارے جا رہے ہیں اور جلد انہیں قانون کی گرفت میں لایا جائے گا۔

اسلام آباد میں منعقدہ اجلاس میں متعلقہ حکام نے شرکت کی اور مختلف امور پر تفصیلی غور کیا گیا، اجلاس کے شرکاء نے صورتحال کا جائزہ لیتے ہوئے اہم فیصلے کئے اور آئندہ کے لائحہ عمل پر اتفاق کیا گیا جس کے بعد متعلقہ اداروں کو ہدایات جاری کر دی گئیں۔

ذرائع کے مطابق حکومت نے اس معاملے پر فوری کارروائی کا فیصلہ کیا ہے اور اس سلسلے میں ایک کمیٹی تشکیل دی گئی ہے جو اپنی رپورٹ جلد پیش کرے گی، ترجمان نے بتایا کہ عوام کے مفاد کو ہر صورت مقدم رکھا جائے گا۔

وزیر نے کہا کہ ملک کی معاشی صورتحال میں بہتری آ رہی ہے اور سرمایہ کاری کے مواقع بڑھ رہے ہیں، انہوں نے کہا کہ حکومت عوام کو ریلیف دینے کے لئے ہر ممکن اقدامات کر رہی ہے اور مہنگائی پر قابو پانے کی کوششیں جاری ہیں۔

49	عوام	بقیہ

وزیر نے کہا کہ ملک کی معاشی صورتحال میں بہتری آ رہی ہے اور سرمایہ کاری کے مواقع بڑھ رہے ہیں، انہوں نے کہا کہ حکومت عوام کو ریلیف دینے کے لئے ہر ممکن اقدامات کر رہی ہے اور مہنگائی پر قابو پانے کی کوششیں جاری ہیں۔

عدالت نے کیس کی سماعت کے دوران فریقین کے دلائل سنے اور مزید سماعت آئندہ تاریخ تک ملتوی کر دی، عدالت نے متعلقہ حکام سے تفصیلی جواب طلب کرتے ہوئے ہدایت کی کہ آئندہ سماعت پر تمام ریکارڈ پیش کیا جائے۔

پولیس کے مطابق واقعہ کی اطلاع ملتے ہی ٹیمیں موقع پر پہنچ گئیں اور علاقے کو گھیرے میں لے کر تحقیقات کا آغاز کر دیا گیا، ملزمان کی گرفتاری کے لئے چھاپے مارے جا رہے ہیں اور جلد انہیں قانون کی گرفت میں لایا جائے گا۔

اسلام آباد میں منعقدہ اجلاس میں متعلقہ حکام نے شرکت کی اور مختلف امور پر تفصیلی غور کیا گیا، اجلاس کے شرکاء نے صورتحال کا جائزہ لیتے ہوئے اہم فیصلے کئے اور آئندہ کے لائحہ عمل پر اتفاق کیا گیا جس کے بعد متعلقہ اداروں کو ہدایات جاری کر دی گئیں۔

ذرائع کے مطابق حکومت نے اس معاملے پر فوری کارروائی کا فیصلہ کیا ہے اور اس سلسلے میں ایک کمیٹی تشکیل دی گئی ہے جو اپنی رپورٹ جلد پیش کرے گی، ترجمان نے بتایا کہ عوام کے مفاد کو ہر صورت مقدم رکھا جائے گا۔

وزیر نے کہا کہ ملک کی معاشی صورتحال میں بہتری آ رہی ہے اور سرمایہ کاری کے مواقع بڑھ رہے ہیں، انہوں نے کہا کہ حکومت عوام کو ریلیف دینے کے لئے ہر ممکن اقدامات کر رہی ہے اور مہنگائی پر قابو پانے کی کوششیں جاری ہیں۔

عدالت نے کیس کی سماعت کے دوران فریقین کے دلائل سنے اور مزید سماعت آئندہ تاریخ تک ملتوی کر دی، عدالت نے متعلقہ حکام سے تفصیلی جواب طلب کرتے ہوئے ہدایت کی کہ آئندہ سماعت پر تمام ریکارڈ پیش کیا جائے۔

50	مہنگائی	بقیہ

عدالت نے کیس کی سماعت کے دوران فریقین کے دلائل سنے اور مزید سماعت آئندہ تاریخ تک ملتوی کر دی، عدالت نے متعلقہ حکام سے تفصیلی جواب طلب کرتے ہوئے ہدایت کی کہ آئندہ سماعت پر تمام ریکارڈ پیش کیا جائے۔

پولیس کے مطابق واقعہ کی اطلاع ملتے ہی ٹیمیں موقع پر پہنچ گئیں اور علاقے کو گھیرے میں لے کر تحقیقات کا آغاز کر دیا گیا، ملزمان کی گرفتاری کے لئے چھاپے مارے جا رہے ہیں اور جلد انہیں قانون کی گرفت میں لایا جائے گا۔

اسلام آباد میں منعقدہ اجلاس میں متعلقہ حکام نے شرکت کی اور مختلف امور پر تفصیلی غور کیا گیا، اجلاس کے شرکاء نے صورتحال کا جائزہ لیتے ہوئے اہم فیصلے کئے اور آئندہ کے لائحہ عمل پر اتفاق کیا گیا جس کے بعد متعلقہ اداروں کو ہدایات جاری کر دی گئیں۔

ذرائع کے مطابق حکومت نے اس معاملے پر فوری کارروائی کا فیصلہ کیا ہے اور اس سلسلے میں ایک کمیٹی تشکیل دی گئی ہے جو اپنی رپورٹ جلد پیش کرے گی، ترجمان نے بتایا کہ عوام کے مفاد کو ہر صورت مقدم رکھا جائے گا۔

وزیر نے کہا کہ ملک کی معاشی صورتحال میں بہتری آ رہی ہے اور سرمایہ کاری کے مواقع بڑھ رہے ہیں، انہوں نے کہا کہ حکومت عوام کو ریلیف دینے کے لئے ہر ممکن اقدامات کر رہی ہے اور مہنگائی پر قابو پانے کی کوششیں جاری ہیں۔

عدالت نے کیس کی سماعت کے دوران فریقین کے دلائل سنے اور مزید سماعت آئندہ تاریخ تک ملتوی کر دی، عدالت نے متعلقہ حکام سے تفصیلی جواب طلب کرتے ہوئے ہدایت کی کہ آئندہ سماعت پر تمام ریکارڈ پیش کیا جائے۔

پولیس کے مطابق واقعہ کی اطلاع ملتے ہی ٹیمیں موقع پر پہنچ گئیں اور علاقے کو گھیرے میں لے کر تحقیقات کا آغاز کر دیا گیا، ملزمان کی گرفتاری کے لئے چھاپے مارے جا رہے ہیں اور جلد انہیں قانون کی گرفت میں لایا جائے گا۔

51	وفاق	بقیہ

پولیس کے مطابق واقعہ کی اطلاع ملتے ہی ٹیمیں موقع پر پہنچ گئیں اور علاقے کو گھیرے میں لے کر تحقیقات کا آغاز کر دیا گیا، ملزمان کی گرفتاری کے لئے چھاپے مارے جا رہے ہیں اور جلد انہیں قانون کی گرفت میں لایا جائے گا۔

اسلام آباد میں منعقدہ اجلاس میں متعلقہ حکام نے شرکت کی اور مختلف امور پر تفصیلی غور کیا گیا، اجلاس کے شرکاء نے صورتحال کا جائزہ لیتے ہوئے اہم فیصلے کئے اور آئندہ کے لائحہ عمل پر اتفاق کیا گیا جس کے بعد متعلقہ اداروں کو ہدایات جاری کر دی گئیں۔

ذرائع کے مطابق حکومت نے اس معاملے پر فوری کارروائی کا فیصلہ کیا ہے اور اس سلسلے میں ایک کمیٹی تشکیل دی گئی ہے جو اپنی رپورٹ جلد پیش کرے گی، ترجمان نے بتایا کہ عوام کے مفاد کو ہر صورت مقدم رکھا جائے گا۔

وزیر نے کہا کہ ملک کی معاشی صورتحال میں بہتری آ رہی ہے اور سرمایہ کاری کے مواقع بڑھ رہے ہیں، انہوں نے کہا کہ حکومت عوام کو ریلیف دینے کے لئے ہر ممکن اقدامات کر رہی ہے اور مہنگائی پر قابو پانے کی کوششیں جاری ہیں۔

عدالت نے کیس کی سماعت کے دوران فریقین کے دلائل سنے اور مزید سماعت آئندہ تاریخ تک ملتوی کر دی، عدالت نے متعلقہ حکام سے تفصیلی جواب طلب کرتے ہوئے ہدایت کی کہ آئندہ سماعت پر تمام ریکارڈ پیش کیا جائے۔

پولیس کے مطابق واقعہ کی اطلاع ملتے ہی ٹیمیں موقع پر پہنچ گئیں اور علاقے کو گھیرے میں لے کر تحقیقات کا آغاز کر دیا گیا، ملزمان کی گرفتاری کے لئے چھاپے مارے جا رہے ہیں اور جلد انہیں قانون کی گرفت میں لایا جائے گا۔

اسلام آباد میں منعقدہ اجلاس میں متعلقہ حکام نے شرکت کی اور مختلف امور پر تفصیلی غور کیا گیا، اجلاس کے شرکاء نے صورتحال کا جائزہ لیتے ہوئے اہم فیصلے کئے اور آئندہ کے لائحہ عمل پر اتفاق کیا گیا جس کے بعد متعلقہ اداروں کو ہدایات جاری کر دی گئیں۔

52	احتجاج	بقیہ

اسلام آباد میں منعقدہ اجلاس میں متعلقہ حکام نے شرکت کی اور مختلف امور پر تفصیلی غور کیا گیا، اجلاس کے شرکاء نے صورتحال کا جائزہ لیتے ہوئے اہم فیصلے کئے اور آئندہ کے لائحہ عمل پر اتفاق کیا گیا جس کے بعد متعلقہ اداروں کو ہدایات جاری کر دی گئیں۔

ذرائع کے مطابق حکومت نے اس معاملے پر فوری کارروائی کا فیصلہ کیا ہے اور اس سلسلے میں ایک کمیٹی تشکیل دی گئی ہے جو اپنی رپورٹ جلد پیش کرے گی، ترجمان نے بتایا کہ عوام کے مفاد کو ہر صورت مقدم رکھا جائے گا۔

وزیر نے کہا کہ ملک کی معاشی صورتحال میں بہتری آ رہی ہے اور سرمایہ کاری کے مواقع بڑھ رہے ہیں، انہوں نے کہا کہ حکومت عوام کو ریلیف دینے کے لئے ہر ممکن اقدامات کر رہی ہے اور مہنگائی پر قابو پانے کی کوششیں جاری ہیں۔

عدالت نے کیس کی سماعت کے دوران فریقین کے دلائل سنے اور مزید سماعت آئندہ تاریخ تک ملتوی کر دی، عدالت نے متعلقہ حکام سے تفصیلی جواب طلب کرتے ہوئے ہدایت کی کہ آئندہ سماعت پر تمام ریکارڈ پیش کیا جائے۔

پولیس کے مطابق واقعہ کی اطلاع ملتے ہی ٹیمیں موقع پر پہنچ گئیں اور علاقے کو گھیرے میں لے کر تحقیقات کا آغاز کر دیا گیا، ملزمان کی گرفتاری کے لئے چھاپے مارے جا رہے ہیں اور جلد انہیں قانون کی گرفت میں لایا جائے گا۔

اسلام آباد میں منعقدہ اجلاس میں متعلقہ حکام نے شرکت کی اور مختلف امور پر تفصیلی غور کیا گیا، اجلاس کے شرکاء نے صورتحال کا جائزہ لیتے ہوئے اہم فیصلے کئے اور آئندہ کے لائحہ عمل پر اتفاق کیا گیا جس کے بعد متعلقہ اداروں کو ہدایات جاری کر دی گئیں۔

ذرائع کے مطابق حکومت نے اس معاملے پر فوری کارروائی کا فیصلہ کیا ہے اور اس سلسلے میں ایک کمیٹی تشکیل دی گئی ہے جو اپنی رپورٹ جلد پیش کرے گی، ترجمان نے بتایا کہ عوام کے مفاد کو ہر صورت مقدم رکھا جائے گا۔

53	قتل	بقیہ

ذرائع کے مطابق حکومت نے اس معاملے پر فوری کارروائی کا فیصلہ کیا ہے اور اس سلسلے میں ایک کمیٹی تشکیل دی گئی ہے جو اپنی رپورٹ جلد پیش کرے گی، ترجمان نے بتایا کہ عوام کے مفاد کو ہر صورت مقدم رکھا جائے گا۔

وزیر نے کہا کہ ملک کی معاشی صورتحال میں بہتری آ رہی ہے اور سرمایہ کاری کے مواقع بڑھ رہے ہیں، انہوں نے کہا کہ حکومت عوام کو ریلیف دینے کے لئے ہر ممکن اقدامات کر رہی ہے اور مہنگائی پر قابو پانے کی کوششیں جاری ہیں۔

عدالت نے کیس کی سماعت کے دوران فریقین کے دلائل سنے اور مزید سماعت آئندہ تاریخ تک ملتوی کر دی، عدالت نے متعلقہ حکام سے تفصیلی جواب طلب کرتے ہوئے ہدایت کی کہ آئندہ سماعت پر تمام ریکارڈ پیش کیا جائے۔

پولیس کے مطابق واقعہ کی اطلاع ملتے ہی ٹیمیں موقع پر پہنچ گئیں اور علاقے کو گھیرے میں لے کر تحقیقات کا آغاز کر دیا گیا، ملزمان کی گرفتاری کے لئے چھاپے مارے جا رہے ہیں اور جلد انہیں قانون کی گرفت میں لایا جائے گا۔

اسلام آباد میں منعقدہ اجلاس میں متعلقہ حکام نے شرکت کی اور مختلف امور پر تفصیلی غور کیا گیا، اجلاس کے شرکاء نے صورتحال کا جائزہ لیتے ہوئے اہم فیصلے کئے اور آئندہ کے لائحہ عمل پر اتفاق کیا گیا جس کے بعد متعلقہ اداروں کو ہدایات جاری کر دی گئیں۔

ذرائع کے مطابق حکومت نے اس معاملے پر فوری کارروائی کا فیصلہ کیا ہے اور اس سلسلے میں ایک کمیٹی تشکیل دی گئی ہے جو اپنی رپورٹ جلد پیش کرے گی، ترجمان نے بتایا کہ عوام کے مفاد کو ہر صورت مقدم رکھا جائے گا۔

وزیر نے کہا کہ ملک کی معاشی صورتحال میں بہتری آ رہی ہے اور سرمایہ کاری کے مواقع بڑھ رہے ہیں، انہوں نے کہا کہ حکومت عوام کو ریلیف دینے کے لئے ہر ممکن اقدامات کر رہی ہے اور مہنگائی پر قابو پانے کی کوششیں جاری ہیں۔

54	عدالت	بقیہ

وزیر نے کہا کہ ملک کی معاشی صورتحال میں بہتری آ رہی ہے اور سرمایہ کاری کے مواقع بڑھ رہے ہیں، انہوں نے کہا کہ حکومت عوام کو ریلیف دینے کے لئے ہر ممکن اقدامات کر رہی ہے اور مہنگائی پر قابو پانے کی کوششیں جاری ہیں۔

عدالت نے کیس کی سماعت کے دوران فریقین کے دلائل سنے اور مزید سماعت آئندہ تاریخ تک ملتوی کر دی، عدالت نے متعلقہ حکام سے تفصیلی جواب طلب کرتے ہوئے ہدایت کی کہ آئندہ سماعت پر تمام ریکارڈ پیش کیا جائے۔

پولیس کے مطابق واقعہ کی اطلاع ملتے ہی ٹیمیں موقع پر پہنچ گئیں اور علاقے کو گھیرے میں لے کر تحقیقات کا آغاز کر دیا گیا، ملزمان کی گرفتاری کے لئے چھاپے مارے جا رہے ہیں اور جلد انہیں قانون کی گرفت میں لایا جائے گا۔

اسلام آباد میں منعقدہ اجلاس میں متعلقہ حکام نے شرکت کی اور مختلف امور پر تفصیلی غور کیا گیا، اجلاس کے شرکاء نے صورتحال کا جائزہ لیتے ہوئے اہم فیصلے کئے اور آئندہ کے لائحہ عمل پر اتفاق کیا گیا جس کے بعد متعلقہ اداروں کو ہدایات جاری کر دی گئیں۔

ذرائع کے مطابق حکومت نے اس معاملے پر فوری کارروائی کا فیصلہ کیا ہے اور اس سلسلے میں ایک کمیٹی تشکیل دی گئی ہے جو اپنی رپورٹ جلد پیش کرے گی، ترجمان نے بتایا کہ عوام کے مفاد کو ہر صورت مقدم رکھا جائے گا۔

وزیر نے کہا کہ ملک کی معاشی صورتحال میں بہتری آ رہی ہے اور سرمایہ کاری کے مواقع بڑھ رہے ہیں، انہوں نے کہا کہ حکومت عوام کو ریلیف دینے کے لئے ہر ممکن اقدامات کر رہی ہے اور مہنگائی پر قابو پانے کی کوششیں جاری ہیں۔

عدالت نے کیس کی سماعت کے دوران فریقین کے دلائل سنے اور مزید سماعت آئندہ تاریخ تک ملتوی کر دی، عدالت نے متعلقہ حکام سے تفصیلی جواب طلب کرتے ہوئے ہدایت کی کہ آئندہ سماعت پر تمام ریکارڈ پیش کیا جائے۔

ذرائع کے مطابق حکومت نے اس معاملے پر فوری کارروائی کا فیصلہ کیا ہے اور اس سلسلے میں ایک کمیٹی تشکیل دی گئی ہے جو اپنی رپورٹ جلد پیش کرے گی، ترجمان نے بتایا کہ عوام کے مفاد کو ہر صورت مقدم رکھا جائے گا۔

وزیر نے کہا کہ ملک کی معاشی صورتحال میں بہتری آ رہی ہے اور سرمایہ کاری کے مواقع بڑھ رہے ہیں، انہوں نے کہا کہ حکومت عوام کو ریلیف دینے کے لئے ہر ممکن اقدامات کر رہی ہے اور مہنگائی پر قابو پانے کی کوششیں جاری ہیں۔

عدالت نے کیس کی سماعت کے دوران فریقین کے دلائل سنے اور مزید سماعت آئندہ تاریخ تک ملتوی کر دی، عدالت نے متعلقہ حکام سے تفصیلی جواب طلب کرتے ہوئے ہدایت کی کہ آئندہ سماعت پر تمام ریکارڈ پیش کیا جائے۔
